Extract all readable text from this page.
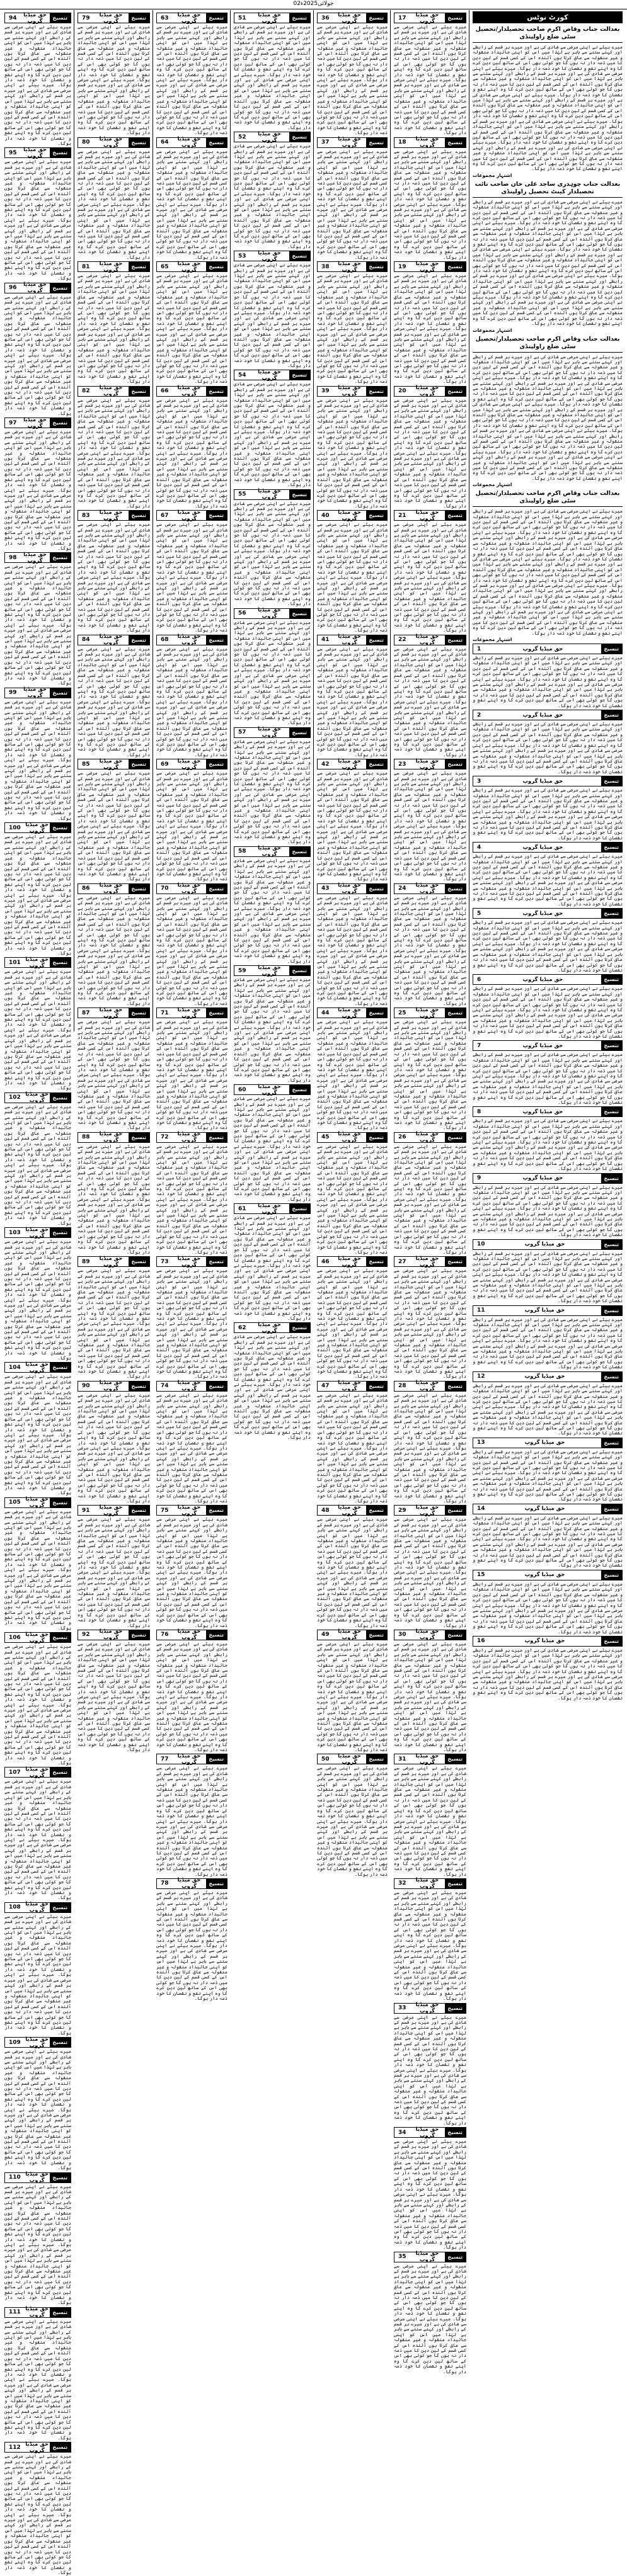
02جولائی2025ء
تنسیخ
حق میڈیا گروپ
94
میرے بیٹے نے اپنی مرضی سے شادی کی ہے اور میرے ہر قسم کے رابطے اور کہنے سننے سے باہر ہے لہٰذا میں اس کو اپنی جائیداد منقولہ و غیر منقولہ سے عاق کرتا ہوں آئندہ اس کے کسی قسم کے لین دین کا میں ذمہ دار نہ ہوں گا جو کوئی بھی اس کے ساتھ لین دین کرے گا وہ اپنے نفع و نقصان کا خود ذمہ دار ہوگا۔ میرے بیٹے نے اپنی مرضی سے شادی کی ہے اور میرے ہر قسم کے رابطے اور کہنے سننے سے باہر ہے لہٰذا میں اس کو اپنی جائیداد منقولہ و غیر منقولہ سے عاق کرتا ہوں آئندہ اس کے کسی قسم کے لین دین کا میں ذمہ دار نہ ہوں گا جو کوئی بھی اس کے ساتھ لین دین کرے گا وہ اپنے نفع و نقصان کا خود ذمہ دار ہوگا۔
تنسیخ
حق میڈیا گروپ
95
میرے بیٹے نے اپنی مرضی سے شادی کی ہے اور میرے ہر قسم کے رابطے اور کہنے سننے سے باہر ہے لہٰذا میں اس کو اپنی جائیداد منقولہ و غیر منقولہ سے عاق کرتا ہوں آئندہ اس کے کسی قسم کے لین دین کا میں ذمہ دار نہ ہوں گا جو کوئی بھی اس کے ساتھ لین دین کرے گا وہ اپنے نفع و نقصان کا خود ذمہ دار ہوگا۔ میرے بیٹے نے اپنی مرضی سے شادی کی ہے اور میرے ہر قسم کے رابطے اور کہنے سننے سے باہر ہے لہٰذا میں اس کو اپنی جائیداد منقولہ و غیر منقولہ سے عاق کرتا ہوں آئندہ اس کے کسی قسم کے لین دین کا میں ذمہ دار نہ ہوں گا جو کوئی بھی اس کے ساتھ لین دین کرے گا وہ اپنے نفع و نقصان کا خود ذمہ دار ہوگا۔
تنسیخ
حق میڈیا گروپ
96
میرے بیٹے نے اپنی مرضی سے شادی کی ہے اور میرے ہر قسم کے رابطے اور کہنے سننے سے باہر ہے لہٰذا میں اس کو اپنی جائیداد منقولہ و غیر منقولہ سے عاق کرتا ہوں آئندہ اس کے کسی قسم کے لین دین کا میں ذمہ دار نہ ہوں گا جو کوئی بھی اس کے ساتھ لین دین کرے گا وہ اپنے نفع و نقصان کا خود ذمہ دار ہوگا۔ میرے بیٹے نے اپنی مرضی سے شادی کی ہے اور میرے ہر قسم کے رابطے اور کہنے سننے سے باہر ہے لہٰذا میں اس کو اپنی جائیداد منقولہ و غیر منقولہ سے عاق کرتا ہوں آئندہ اس کے کسی قسم کے لین دین کا میں ذمہ دار نہ ہوں گا جو کوئی بھی اس کے ساتھ لین دین کرے گا وہ اپنے نفع و نقصان کا خود ذمہ دار ہوگا۔
تنسیخ
حق میڈیا گروپ
97
میرے بیٹے نے اپنی مرضی سے شادی کی ہے اور میرے ہر قسم کے رابطے اور کہنے سننے سے باہر ہے لہٰذا میں اس کو اپنی جائیداد منقولہ و غیر منقولہ سے عاق کرتا ہوں آئندہ اس کے کسی قسم کے لین دین کا میں ذمہ دار نہ ہوں گا جو کوئی بھی اس کے ساتھ لین دین کرے گا وہ اپنے نفع و نقصان کا خود ذمہ دار ہوگا۔ میرے بیٹے نے اپنی مرضی سے شادی کی ہے اور میرے ہر قسم کے رابطے اور کہنے سننے سے باہر ہے لہٰذا میں اس کو اپنی جائیداد منقولہ و غیر منقولہ سے عاق کرتا ہوں آئندہ اس کے کسی قسم کے لین دین کا میں ذمہ دار نہ ہوں گا جو کوئی بھی اس کے ساتھ لین دین کرے گا وہ اپنے نفع و نقصان کا خود ذمہ دار ہوگا۔
تنسیخ
حق میڈیا گروپ
98
میرے بیٹے نے اپنی مرضی سے شادی کی ہے اور میرے ہر قسم کے رابطے اور کہنے سننے سے باہر ہے لہٰذا میں اس کو اپنی جائیداد منقولہ و غیر منقولہ سے عاق کرتا ہوں آئندہ اس کے کسی قسم کے لین دین کا میں ذمہ دار نہ ہوں گا جو کوئی بھی اس کے ساتھ لین دین کرے گا وہ اپنے نفع و نقصان کا خود ذمہ دار ہوگا۔ میرے بیٹے نے اپنی مرضی سے شادی کی ہے اور میرے ہر قسم کے رابطے اور کہنے سننے سے باہر ہے لہٰذا میں اس کو اپنی جائیداد منقولہ و غیر منقولہ سے عاق کرتا ہوں آئندہ اس کے کسی قسم کے لین دین کا میں ذمہ دار نہ ہوں گا جو کوئی بھی اس کے ساتھ لین دین کرے گا وہ اپنے نفع و نقصان کا خود ذمہ دار ہوگا۔
تنسیخ
حق میڈیا گروپ
99
میرے بیٹے نے اپنی مرضی سے شادی کی ہے اور میرے ہر قسم کے رابطے اور کہنے سننے سے باہر ہے لہٰذا میں اس کو اپنی جائیداد منقولہ و غیر منقولہ سے عاق کرتا ہوں آئندہ اس کے کسی قسم کے لین دین کا میں ذمہ دار نہ ہوں گا جو کوئی بھی اس کے ساتھ لین دین کرے گا وہ اپنے نفع و نقصان کا خود ذمہ دار ہوگا۔ میرے بیٹے نے اپنی مرضی سے شادی کی ہے اور میرے ہر قسم کے رابطے اور کہنے سننے سے باہر ہے لہٰذا میں اس کو اپنی جائیداد منقولہ و غیر منقولہ سے عاق کرتا ہوں آئندہ اس کے کسی قسم کے لین دین کا میں ذمہ دار نہ ہوں گا جو کوئی بھی اس کے ساتھ لین دین کرے گا وہ اپنے نفع و نقصان کا خود ذمہ دار ہوگا۔
تنسیخ
حق میڈیا گروپ
100
میرے بیٹے نے اپنی مرضی سے شادی کی ہے اور میرے ہر قسم کے رابطے اور کہنے سننے سے باہر ہے لہٰذا میں اس کو اپنی جائیداد منقولہ و غیر منقولہ سے عاق کرتا ہوں آئندہ اس کے کسی قسم کے لین دین کا میں ذمہ دار نہ ہوں گا جو کوئی بھی اس کے ساتھ لین دین کرے گا وہ اپنے نفع و نقصان کا خود ذمہ دار ہوگا۔ میرے بیٹے نے اپنی مرضی سے شادی کی ہے اور میرے ہر قسم کے رابطے اور کہنے سننے سے باہر ہے لہٰذا میں اس کو اپنی جائیداد منقولہ و غیر منقولہ سے عاق کرتا ہوں آئندہ اس کے کسی قسم کے لین دین کا میں ذمہ دار نہ ہوں گا جو کوئی بھی اس کے ساتھ لین دین کرے گا وہ اپنے نفع و نقصان کا خود ذمہ دار ہوگا۔
تنسیخ
حق میڈیا گروپ
101
میرے بیٹے نے اپنی مرضی سے شادی کی ہے اور میرے ہر قسم کے رابطے اور کہنے سننے سے باہر ہے لہٰذا میں اس کو اپنی جائیداد منقولہ و غیر منقولہ سے عاق کرتا ہوں آئندہ اس کے کسی قسم کے لین دین کا میں ذمہ دار نہ ہوں گا جو کوئی بھی اس کے ساتھ لین دین کرے گا وہ اپنے نفع و نقصان کا خود ذمہ دار ہوگا۔ میرے بیٹے نے اپنی مرضی سے شادی کی ہے اور میرے ہر قسم کے رابطے اور کہنے سننے سے باہر ہے لہٰذا میں اس کو اپنی جائیداد منقولہ و غیر منقولہ سے عاق کرتا ہوں آئندہ اس کے کسی قسم کے لین دین کا میں ذمہ دار نہ ہوں گا جو کوئی بھی اس کے ساتھ لین دین کرے گا وہ اپنے نفع و نقصان کا خود ذمہ دار ہوگا۔
تنسیخ
حق میڈیا گروپ
102
میرے بیٹے نے اپنی مرضی سے شادی کی ہے اور میرے ہر قسم کے رابطے اور کہنے سننے سے باہر ہے لہٰذا میں اس کو اپنی جائیداد منقولہ و غیر منقولہ سے عاق کرتا ہوں آئندہ اس کے کسی قسم کے لین دین کا میں ذمہ دار نہ ہوں گا جو کوئی بھی اس کے ساتھ لین دین کرے گا وہ اپنے نفع و نقصان کا خود ذمہ دار ہوگا۔ میرے بیٹے نے اپنی مرضی سے شادی کی ہے اور میرے ہر قسم کے رابطے اور کہنے سننے سے باہر ہے لہٰذا میں اس کو اپنی جائیداد منقولہ و غیر منقولہ سے عاق کرتا ہوں آئندہ اس کے کسی قسم کے لین دین کا میں ذمہ دار نہ ہوں گا جو کوئی بھی اس کے ساتھ لین دین کرے گا وہ اپنے نفع و نقصان کا خود ذمہ دار ہوگا۔
تنسیخ
حق میڈیا گروپ
103
میرے بیٹے نے اپنی مرضی سے شادی کی ہے اور میرے ہر قسم کے رابطے اور کہنے سننے سے باہر ہے لہٰذا میں اس کو اپنی جائیداد منقولہ و غیر منقولہ سے عاق کرتا ہوں آئندہ اس کے کسی قسم کے لین دین کا میں ذمہ دار نہ ہوں گا جو کوئی بھی اس کے ساتھ لین دین کرے گا وہ اپنے نفع و نقصان کا خود ذمہ دار ہوگا۔ میرے بیٹے نے اپنی مرضی سے شادی کی ہے اور میرے ہر قسم کے رابطے اور کہنے سننے سے باہر ہے لہٰذا میں اس کو اپنی جائیداد منقولہ و غیر منقولہ سے عاق کرتا ہوں آئندہ اس کے کسی قسم کے لین دین کا میں ذمہ دار نہ ہوں گا جو کوئی بھی اس کے ساتھ لین دین کرے گا وہ اپنے نفع و نقصان کا خود ذمہ دار ہوگا۔
تنسیخ
حق میڈیا گروپ
104
میرے بیٹے نے اپنی مرضی سے شادی کی ہے اور میرے ہر قسم کے رابطے اور کہنے سننے سے باہر ہے لہٰذا میں اس کو اپنی جائیداد منقولہ و غیر منقولہ سے عاق کرتا ہوں آئندہ اس کے کسی قسم کے لین دین کا میں ذمہ دار نہ ہوں گا جو کوئی بھی اس کے ساتھ لین دین کرے گا وہ اپنے نفع و نقصان کا خود ذمہ دار ہوگا۔ میرے بیٹے نے اپنی مرضی سے شادی کی ہے اور میرے ہر قسم کے رابطے اور کہنے سننے سے باہر ہے لہٰذا میں اس کو اپنی جائیداد منقولہ و غیر منقولہ سے عاق کرتا ہوں آئندہ اس کے کسی قسم کے لین دین کا میں ذمہ دار نہ ہوں گا جو کوئی بھی اس کے ساتھ لین دین کرے گا وہ اپنے نفع و نقصان کا خود ذمہ دار ہوگا۔
تنسیخ
حق میڈیا گروپ
105
میرے بیٹے نے اپنی مرضی سے شادی کی ہے اور میرے ہر قسم کے رابطے اور کہنے سننے سے باہر ہے لہٰذا میں اس کو اپنی جائیداد منقولہ و غیر منقولہ سے عاق کرتا ہوں آئندہ اس کے کسی قسم کے لین دین کا میں ذمہ دار نہ ہوں گا جو کوئی بھی اس کے ساتھ لین دین کرے گا وہ اپنے نفع و نقصان کا خود ذمہ دار ہوگا۔ میرے بیٹے نے اپنی مرضی سے شادی کی ہے اور میرے ہر قسم کے رابطے اور کہنے سننے سے باہر ہے لہٰذا میں اس کو اپنی جائیداد منقولہ و غیر منقولہ سے عاق کرتا ہوں آئندہ اس کے کسی قسم کے لین دین کا میں ذمہ دار نہ ہوں گا جو کوئی بھی اس کے ساتھ لین دین کرے گا وہ اپنے نفع و نقصان کا خود ذمہ دار ہوگا۔
تنسیخ
حق میڈیا گروپ
106
میرے بیٹے نے اپنی مرضی سے شادی کی ہے اور میرے ہر قسم کے رابطے اور کہنے سننے سے باہر ہے لہٰذا میں اس کو اپنی جائیداد منقولہ و غیر منقولہ سے عاق کرتا ہوں آئندہ اس کے کسی قسم کے لین دین کا میں ذمہ دار نہ ہوں گا جو کوئی بھی اس کے ساتھ لین دین کرے گا وہ اپنے نفع و نقصان کا خود ذمہ دار ہوگا۔ میرے بیٹے نے اپنی مرضی سے شادی کی ہے اور میرے ہر قسم کے رابطے اور کہنے سننے سے باہر ہے لہٰذا میں اس کو اپنی جائیداد منقولہ و غیر منقولہ سے عاق کرتا ہوں آئندہ اس کے کسی قسم کے لین دین کا میں ذمہ دار نہ ہوں گا جو کوئی بھی اس کے ساتھ لین دین کرے گا وہ اپنے نفع و نقصان کا خود ذمہ دار ہوگا۔
تنسیخ
حق میڈیا گروپ
107
میرے بیٹے نے اپنی مرضی سے شادی کی ہے اور میرے ہر قسم کے رابطے اور کہنے سننے سے باہر ہے لہٰذا میں اس کو اپنی جائیداد منقولہ و غیر منقولہ سے عاق کرتا ہوں آئندہ اس کے کسی قسم کے لین دین کا میں ذمہ دار نہ ہوں گا جو کوئی بھی اس کے ساتھ لین دین کرے گا وہ اپنے نفع و نقصان کا خود ذمہ دار ہوگا۔ میرے بیٹے نے اپنی مرضی سے شادی کی ہے اور میرے ہر قسم کے رابطے اور کہنے سننے سے باہر ہے لہٰذا میں اس کو اپنی جائیداد منقولہ و غیر منقولہ سے عاق کرتا ہوں آئندہ اس کے کسی قسم کے لین دین کا میں ذمہ دار نہ ہوں گا جو کوئی بھی اس کے ساتھ لین دین کرے گا وہ اپنے نفع و نقصان کا خود ذمہ دار ہوگا۔
تنسیخ
حق میڈیا گروپ
108
میرے بیٹے نے اپنی مرضی سے شادی کی ہے اور میرے ہر قسم کے رابطے اور کہنے سننے سے باہر ہے لہٰذا میں اس کو اپنی جائیداد منقولہ و غیر منقولہ سے عاق کرتا ہوں آئندہ اس کے کسی قسم کے لین دین کا میں ذمہ دار نہ ہوں گا جو کوئی بھی اس کے ساتھ لین دین کرے گا وہ اپنے نفع و نقصان کا خود ذمہ دار ہوگا۔ میرے بیٹے نے اپنی مرضی سے شادی کی ہے اور میرے ہر قسم کے رابطے اور کہنے سننے سے باہر ہے لہٰذا میں اس کو اپنی جائیداد منقولہ و غیر منقولہ سے عاق کرتا ہوں آئندہ اس کے کسی قسم کے لین دین کا میں ذمہ دار نہ ہوں گا جو کوئی بھی اس کے ساتھ لین دین کرے گا وہ اپنے نفع و نقصان کا خود ذمہ دار ہوگا۔
تنسیخ
حق میڈیا گروپ
109
میرے بیٹے نے اپنی مرضی سے شادی کی ہے اور میرے ہر قسم کے رابطے اور کہنے سننے سے باہر ہے لہٰذا میں اس کو اپنی جائیداد منقولہ و غیر منقولہ سے عاق کرتا ہوں آئندہ اس کے کسی قسم کے لین دین کا میں ذمہ دار نہ ہوں گا جو کوئی بھی اس کے ساتھ لین دین کرے گا وہ اپنے نفع و نقصان کا خود ذمہ دار ہوگا۔ میرے بیٹے نے اپنی مرضی سے شادی کی ہے اور میرے ہر قسم کے رابطے اور کہنے سننے سے باہر ہے لہٰذا میں اس کو اپنی جائیداد منقولہ و غیر منقولہ سے عاق کرتا ہوں آئندہ اس کے کسی قسم کے لین دین کا میں ذمہ دار نہ ہوں گا جو کوئی بھی اس کے ساتھ لین دین کرے گا وہ اپنے نفع و نقصان کا خود ذمہ دار ہوگا۔
تنسیخ
حق میڈیا گروپ
110
میرے بیٹے نے اپنی مرضی سے شادی کی ہے اور میرے ہر قسم کے رابطے اور کہنے سننے سے باہر ہے لہٰذا میں اس کو اپنی جائیداد منقولہ و غیر منقولہ سے عاق کرتا ہوں آئندہ اس کے کسی قسم کے لین دین کا میں ذمہ دار نہ ہوں گا جو کوئی بھی اس کے ساتھ لین دین کرے گا وہ اپنے نفع و نقصان کا خود ذمہ دار ہوگا۔ میرے بیٹے نے اپنی مرضی سے شادی کی ہے اور میرے ہر قسم کے رابطے اور کہنے سننے سے باہر ہے لہٰذا میں اس کو اپنی جائیداد منقولہ و غیر منقولہ سے عاق کرتا ہوں آئندہ اس کے کسی قسم کے لین دین کا میں ذمہ دار نہ ہوں گا جو کوئی بھی اس کے ساتھ لین دین کرے گا وہ اپنے نفع و نقصان کا خود ذمہ دار ہوگا۔
تنسیخ
حق میڈیا گروپ
111
میرے بیٹے نے اپنی مرضی سے شادی کی ہے اور میرے ہر قسم کے رابطے اور کہنے سننے سے باہر ہے لہٰذا میں اس کو اپنی جائیداد منقولہ و غیر منقولہ سے عاق کرتا ہوں آئندہ اس کے کسی قسم کے لین دین کا میں ذمہ دار نہ ہوں گا جو کوئی بھی اس کے ساتھ لین دین کرے گا وہ اپنے نفع و نقصان کا خود ذمہ دار ہوگا۔ میرے بیٹے نے اپنی مرضی سے شادی کی ہے اور میرے ہر قسم کے رابطے اور کہنے سننے سے باہر ہے لہٰذا میں اس کو اپنی جائیداد منقولہ و غیر منقولہ سے عاق کرتا ہوں آئندہ اس کے کسی قسم کے لین دین کا میں ذمہ دار نہ ہوں گا جو کوئی بھی اس کے ساتھ لین دین کرے گا وہ اپنے نفع و نقصان کا خود ذمہ دار ہوگا۔
تنسیخ
حق میڈیا گروپ
112
میرے بیٹے نے اپنی مرضی سے شادی کی ہے اور میرے ہر قسم کے رابطے اور کہنے سننے سے باہر ہے لہٰذا میں اس کو اپنی جائیداد منقولہ و غیر منقولہ سے عاق کرتا ہوں آئندہ اس کے کسی قسم کے لین دین کا میں ذمہ دار نہ ہوں گا جو کوئی بھی اس کے ساتھ لین دین کرے گا وہ اپنے نفع و نقصان کا خود ذمہ دار ہوگا۔ میرے بیٹے نے اپنی مرضی سے شادی کی ہے اور میرے ہر قسم کے رابطے اور کہنے سننے سے باہر ہے لہٰذا میں اس کو اپنی جائیداد منقولہ و غیر منقولہ سے عاق کرتا ہوں آئندہ اس کے کسی قسم کے لین دین کا میں ذمہ دار نہ ہوں گا جو کوئی بھی اس کے ساتھ لین دین کرے گا وہ اپنے نفع و نقصان کا خود ذمہ دار ہوگا۔
تنسیخ
حق میڈیا گروپ
79
میرے بیٹے نے اپنی مرضی سے شادی کی ہے اور میرے ہر قسم کے رابطے اور کہنے سننے سے باہر ہے لہٰذا میں اس کو اپنی جائیداد منقولہ و غیر منقولہ سے عاق کرتا ہوں آئندہ اس کے کسی قسم کے لین دین کا میں ذمہ دار نہ ہوں گا جو کوئی بھی اس کے ساتھ لین دین کرے گا وہ اپنے نفع و نقصان کا خود ذمہ دار ہوگا۔ میرے بیٹے نے اپنی مرضی سے شادی کی ہے اور میرے ہر قسم کے رابطے اور کہنے سننے سے باہر ہے لہٰذا میں اس کو اپنی جائیداد منقولہ و غیر منقولہ سے عاق کرتا ہوں آئندہ اس کے کسی قسم کے لین دین کا میں ذمہ دار نہ ہوں گا جو کوئی بھی اس کے ساتھ لین دین کرے گا وہ اپنے نفع و نقصان کا خود ذمہ دار ہوگا۔
تنسیخ
حق میڈیا گروپ
80
میرے بیٹے نے اپنی مرضی سے شادی کی ہے اور میرے ہر قسم کے رابطے اور کہنے سننے سے باہر ہے لہٰذا میں اس کو اپنی جائیداد منقولہ و غیر منقولہ سے عاق کرتا ہوں آئندہ اس کے کسی قسم کے لین دین کا میں ذمہ دار نہ ہوں گا جو کوئی بھی اس کے ساتھ لین دین کرے گا وہ اپنے نفع و نقصان کا خود ذمہ دار ہوگا۔ میرے بیٹے نے اپنی مرضی سے شادی کی ہے اور میرے ہر قسم کے رابطے اور کہنے سننے سے باہر ہے لہٰذا میں اس کو اپنی جائیداد منقولہ و غیر منقولہ سے عاق کرتا ہوں آئندہ اس کے کسی قسم کے لین دین کا میں ذمہ دار نہ ہوں گا جو کوئی بھی اس کے ساتھ لین دین کرے گا وہ اپنے نفع و نقصان کا خود ذمہ دار ہوگا۔
تنسیخ
حق میڈیا گروپ
81
میرے بیٹے نے اپنی مرضی سے شادی کی ہے اور میرے ہر قسم کے رابطے اور کہنے سننے سے باہر ہے لہٰذا میں اس کو اپنی جائیداد منقولہ و غیر منقولہ سے عاق کرتا ہوں آئندہ اس کے کسی قسم کے لین دین کا میں ذمہ دار نہ ہوں گا جو کوئی بھی اس کے ساتھ لین دین کرے گا وہ اپنے نفع و نقصان کا خود ذمہ دار ہوگا۔ میرے بیٹے نے اپنی مرضی سے شادی کی ہے اور میرے ہر قسم کے رابطے اور کہنے سننے سے باہر ہے لہٰذا میں اس کو اپنی جائیداد منقولہ و غیر منقولہ سے عاق کرتا ہوں آئندہ اس کے کسی قسم کے لین دین کا میں ذمہ دار نہ ہوں گا جو کوئی بھی اس کے ساتھ لین دین کرے گا وہ اپنے نفع و نقصان کا خود ذمہ دار ہوگا۔
تنسیخ
حق میڈیا گروپ
82
میرے بیٹے نے اپنی مرضی سے شادی کی ہے اور میرے ہر قسم کے رابطے اور کہنے سننے سے باہر ہے لہٰذا میں اس کو اپنی جائیداد منقولہ و غیر منقولہ سے عاق کرتا ہوں آئندہ اس کے کسی قسم کے لین دین کا میں ذمہ دار نہ ہوں گا جو کوئی بھی اس کے ساتھ لین دین کرے گا وہ اپنے نفع و نقصان کا خود ذمہ دار ہوگا۔ میرے بیٹے نے اپنی مرضی سے شادی کی ہے اور میرے ہر قسم کے رابطے اور کہنے سننے سے باہر ہے لہٰذا میں اس کو اپنی جائیداد منقولہ و غیر منقولہ سے عاق کرتا ہوں آئندہ اس کے کسی قسم کے لین دین کا میں ذمہ دار نہ ہوں گا جو کوئی بھی اس کے ساتھ لین دین کرے گا وہ اپنے نفع و نقصان کا خود ذمہ دار ہوگا۔
تنسیخ
حق میڈیا گروپ
83
میرے بیٹے نے اپنی مرضی سے شادی کی ہے اور میرے ہر قسم کے رابطے اور کہنے سننے سے باہر ہے لہٰذا میں اس کو اپنی جائیداد منقولہ و غیر منقولہ سے عاق کرتا ہوں آئندہ اس کے کسی قسم کے لین دین کا میں ذمہ دار نہ ہوں گا جو کوئی بھی اس کے ساتھ لین دین کرے گا وہ اپنے نفع و نقصان کا خود ذمہ دار ہوگا۔ میرے بیٹے نے اپنی مرضی سے شادی کی ہے اور میرے ہر قسم کے رابطے اور کہنے سننے سے باہر ہے لہٰذا میں اس کو اپنی جائیداد منقولہ و غیر منقولہ سے عاق کرتا ہوں آئندہ اس کے کسی قسم کے لین دین کا میں ذمہ دار نہ ہوں گا جو کوئی بھی اس کے ساتھ لین دین کرے گا وہ اپنے نفع و نقصان کا خود ذمہ دار ہوگا۔
تنسیخ
حق میڈیا گروپ
84
میرے بیٹے نے اپنی مرضی سے شادی کی ہے اور میرے ہر قسم کے رابطے اور کہنے سننے سے باہر ہے لہٰذا میں اس کو اپنی جائیداد منقولہ و غیر منقولہ سے عاق کرتا ہوں آئندہ اس کے کسی قسم کے لین دین کا میں ذمہ دار نہ ہوں گا جو کوئی بھی اس کے ساتھ لین دین کرے گا وہ اپنے نفع و نقصان کا خود ذمہ دار ہوگا۔ میرے بیٹے نے اپنی مرضی سے شادی کی ہے اور میرے ہر قسم کے رابطے اور کہنے سننے سے باہر ہے لہٰذا میں اس کو اپنی جائیداد منقولہ و غیر منقولہ سے عاق کرتا ہوں آئندہ اس کے کسی قسم کے لین دین کا میں ذمہ دار نہ ہوں گا جو کوئی بھی اس کے ساتھ لین دین کرے گا وہ اپنے نفع و نقصان کا خود ذمہ دار ہوگا۔
تنسیخ
حق میڈیا گروپ
85
میرے بیٹے نے اپنی مرضی سے شادی کی ہے اور میرے ہر قسم کے رابطے اور کہنے سننے سے باہر ہے لہٰذا میں اس کو اپنی جائیداد منقولہ و غیر منقولہ سے عاق کرتا ہوں آئندہ اس کے کسی قسم کے لین دین کا میں ذمہ دار نہ ہوں گا جو کوئی بھی اس کے ساتھ لین دین کرے گا وہ اپنے نفع و نقصان کا خود ذمہ دار ہوگا۔ میرے بیٹے نے اپنی مرضی سے شادی کی ہے اور میرے ہر قسم کے رابطے اور کہنے سننے سے باہر ہے لہٰذا میں اس کو اپنی جائیداد منقولہ و غیر منقولہ سے عاق کرتا ہوں آئندہ اس کے کسی قسم کے لین دین کا میں ذمہ دار نہ ہوں گا جو کوئی بھی اس کے ساتھ لین دین کرے گا وہ اپنے نفع و نقصان کا خود ذمہ دار ہوگا۔
تنسیخ
حق میڈیا گروپ
86
میرے بیٹے نے اپنی مرضی سے شادی کی ہے اور میرے ہر قسم کے رابطے اور کہنے سننے سے باہر ہے لہٰذا میں اس کو اپنی جائیداد منقولہ و غیر منقولہ سے عاق کرتا ہوں آئندہ اس کے کسی قسم کے لین دین کا میں ذمہ دار نہ ہوں گا جو کوئی بھی اس کے ساتھ لین دین کرے گا وہ اپنے نفع و نقصان کا خود ذمہ دار ہوگا۔ میرے بیٹے نے اپنی مرضی سے شادی کی ہے اور میرے ہر قسم کے رابطے اور کہنے سننے سے باہر ہے لہٰذا میں اس کو اپنی جائیداد منقولہ و غیر منقولہ سے عاق کرتا ہوں آئندہ اس کے کسی قسم کے لین دین کا میں ذمہ دار نہ ہوں گا جو کوئی بھی اس کے ساتھ لین دین کرے گا وہ اپنے نفع و نقصان کا خود ذمہ دار ہوگا۔
تنسیخ
حق میڈیا گروپ
87
میرے بیٹے نے اپنی مرضی سے شادی کی ہے اور میرے ہر قسم کے رابطے اور کہنے سننے سے باہر ہے لہٰذا میں اس کو اپنی جائیداد منقولہ و غیر منقولہ سے عاق کرتا ہوں آئندہ اس کے کسی قسم کے لین دین کا میں ذمہ دار نہ ہوں گا جو کوئی بھی اس کے ساتھ لین دین کرے گا وہ اپنے نفع و نقصان کا خود ذمہ دار ہوگا۔ میرے بیٹے نے اپنی مرضی سے شادی کی ہے اور میرے ہر قسم کے رابطے اور کہنے سننے سے باہر ہے لہٰذا میں اس کو اپنی جائیداد منقولہ و غیر منقولہ سے عاق کرتا ہوں آئندہ اس کے کسی قسم کے لین دین کا میں ذمہ دار نہ ہوں گا جو کوئی بھی اس کے ساتھ لین دین کرے گا وہ اپنے نفع و نقصان کا خود ذمہ دار ہوگا۔
تنسیخ
حق میڈیا گروپ
88
میرے بیٹے نے اپنی مرضی سے شادی کی ہے اور میرے ہر قسم کے رابطے اور کہنے سننے سے باہر ہے لہٰذا میں اس کو اپنی جائیداد منقولہ و غیر منقولہ سے عاق کرتا ہوں آئندہ اس کے کسی قسم کے لین دین کا میں ذمہ دار نہ ہوں گا جو کوئی بھی اس کے ساتھ لین دین کرے گا وہ اپنے نفع و نقصان کا خود ذمہ دار ہوگا۔ میرے بیٹے نے اپنی مرضی سے شادی کی ہے اور میرے ہر قسم کے رابطے اور کہنے سننے سے باہر ہے لہٰذا میں اس کو اپنی جائیداد منقولہ و غیر منقولہ سے عاق کرتا ہوں آئندہ اس کے کسی قسم کے لین دین کا میں ذمہ دار نہ ہوں گا جو کوئی بھی اس کے ساتھ لین دین کرے گا وہ اپنے نفع و نقصان کا خود ذمہ دار ہوگا۔
تنسیخ
حق میڈیا گروپ
89
میرے بیٹے نے اپنی مرضی سے شادی کی ہے اور میرے ہر قسم کے رابطے اور کہنے سننے سے باہر ہے لہٰذا میں اس کو اپنی جائیداد منقولہ و غیر منقولہ سے عاق کرتا ہوں آئندہ اس کے کسی قسم کے لین دین کا میں ذمہ دار نہ ہوں گا جو کوئی بھی اس کے ساتھ لین دین کرے گا وہ اپنے نفع و نقصان کا خود ذمہ دار ہوگا۔ میرے بیٹے نے اپنی مرضی سے شادی کی ہے اور میرے ہر قسم کے رابطے اور کہنے سننے سے باہر ہے لہٰذا میں اس کو اپنی جائیداد منقولہ و غیر منقولہ سے عاق کرتا ہوں آئندہ اس کے کسی قسم کے لین دین کا میں ذمہ دار نہ ہوں گا جو کوئی بھی اس کے ساتھ لین دین کرے گا وہ اپنے نفع و نقصان کا خود ذمہ دار ہوگا۔
تنسیخ
حق میڈیا گروپ
90
میرے بیٹے نے اپنی مرضی سے شادی کی ہے اور میرے ہر قسم کے رابطے اور کہنے سننے سے باہر ہے لہٰذا میں اس کو اپنی جائیداد منقولہ و غیر منقولہ سے عاق کرتا ہوں آئندہ اس کے کسی قسم کے لین دین کا میں ذمہ دار نہ ہوں گا جو کوئی بھی اس کے ساتھ لین دین کرے گا وہ اپنے نفع و نقصان کا خود ذمہ دار ہوگا۔ میرے بیٹے نے اپنی مرضی سے شادی کی ہے اور میرے ہر قسم کے رابطے اور کہنے سننے سے باہر ہے لہٰذا میں اس کو اپنی جائیداد منقولہ و غیر منقولہ سے عاق کرتا ہوں آئندہ اس کے کسی قسم کے لین دین کا میں ذمہ دار نہ ہوں گا جو کوئی بھی اس کے ساتھ لین دین کرے گا وہ اپنے نفع و نقصان کا خود ذمہ دار ہوگا۔
تنسیخ
حق میڈیا گروپ
91
میرے بیٹے نے اپنی مرضی سے شادی کی ہے اور میرے ہر قسم کے رابطے اور کہنے سننے سے باہر ہے لہٰذا میں اس کو اپنی جائیداد منقولہ و غیر منقولہ سے عاق کرتا ہوں آئندہ اس کے کسی قسم کے لین دین کا میں ذمہ دار نہ ہوں گا جو کوئی بھی اس کے ساتھ لین دین کرے گا وہ اپنے نفع و نقصان کا خود ذمہ دار ہوگا۔ میرے بیٹے نے اپنی مرضی سے شادی کی ہے اور میرے ہر قسم کے رابطے اور کہنے سننے سے باہر ہے لہٰذا میں اس کو اپنی جائیداد منقولہ و غیر منقولہ سے عاق کرتا ہوں آئندہ اس کے کسی قسم کے لین دین کا میں ذمہ دار نہ ہوں گا جو کوئی بھی اس کے ساتھ لین دین کرے گا وہ اپنے نفع و نقصان کا خود ذمہ دار ہوگا۔
تنسیخ
حق میڈیا گروپ
92
میرے بیٹے نے اپنی مرضی سے شادی کی ہے اور میرے ہر قسم کے رابطے اور کہنے سننے سے باہر ہے لہٰذا میں اس کو اپنی جائیداد منقولہ و غیر منقولہ سے عاق کرتا ہوں آئندہ اس کے کسی قسم کے لین دین کا میں ذمہ دار نہ ہوں گا جو کوئی بھی اس کے ساتھ لین دین کرے گا وہ اپنے نفع و نقصان کا خود ذمہ دار ہوگا۔ میرے بیٹے نے اپنی مرضی سے شادی کی ہے اور میرے ہر قسم کے رابطے اور کہنے سننے سے باہر ہے لہٰذا میں اس کو اپنی جائیداد منقولہ و غیر منقولہ سے عاق کرتا ہوں آئندہ اس کے کسی قسم کے لین دین کا میں ذمہ دار نہ ہوں گا جو کوئی بھی اس کے ساتھ لین دین کرے گا وہ اپنے نفع و نقصان کا خود ذمہ دار ہوگا۔
تنسیخ
حق میڈیا گروپ
63
میرے بیٹے نے اپنی مرضی سے شادی کی ہے اور میرے ہر قسم کے رابطے اور کہنے سننے سے باہر ہے لہٰذا میں اس کو اپنی جائیداد منقولہ و غیر منقولہ سے عاق کرتا ہوں آئندہ اس کے کسی قسم کے لین دین کا میں ذمہ دار نہ ہوں گا جو کوئی بھی اس کے ساتھ لین دین کرے گا وہ اپنے نفع و نقصان کا خود ذمہ دار ہوگا۔ میرے بیٹے نے اپنی مرضی سے شادی کی ہے اور میرے ہر قسم کے رابطے اور کہنے سننے سے باہر ہے لہٰذا میں اس کو اپنی جائیداد منقولہ و غیر منقولہ سے عاق کرتا ہوں آئندہ اس کے کسی قسم کے لین دین کا میں ذمہ دار نہ ہوں گا جو کوئی بھی اس کے ساتھ لین دین کرے گا وہ اپنے نفع و نقصان کا خود ذمہ دار ہوگا۔
تنسیخ
حق میڈیا گروپ
64
میرے بیٹے نے اپنی مرضی سے شادی کی ہے اور میرے ہر قسم کے رابطے اور کہنے سننے سے باہر ہے لہٰذا میں اس کو اپنی جائیداد منقولہ و غیر منقولہ سے عاق کرتا ہوں آئندہ اس کے کسی قسم کے لین دین کا میں ذمہ دار نہ ہوں گا جو کوئی بھی اس کے ساتھ لین دین کرے گا وہ اپنے نفع و نقصان کا خود ذمہ دار ہوگا۔ میرے بیٹے نے اپنی مرضی سے شادی کی ہے اور میرے ہر قسم کے رابطے اور کہنے سننے سے باہر ہے لہٰذا میں اس کو اپنی جائیداد منقولہ و غیر منقولہ سے عاق کرتا ہوں آئندہ اس کے کسی قسم کے لین دین کا میں ذمہ دار نہ ہوں گا جو کوئی بھی اس کے ساتھ لین دین کرے گا وہ اپنے نفع و نقصان کا خود ذمہ دار ہوگا۔
تنسیخ
حق میڈیا گروپ
65
میرے بیٹے نے اپنی مرضی سے شادی کی ہے اور میرے ہر قسم کے رابطے اور کہنے سننے سے باہر ہے لہٰذا میں اس کو اپنی جائیداد منقولہ و غیر منقولہ سے عاق کرتا ہوں آئندہ اس کے کسی قسم کے لین دین کا میں ذمہ دار نہ ہوں گا جو کوئی بھی اس کے ساتھ لین دین کرے گا وہ اپنے نفع و نقصان کا خود ذمہ دار ہوگا۔ میرے بیٹے نے اپنی مرضی سے شادی کی ہے اور میرے ہر قسم کے رابطے اور کہنے سننے سے باہر ہے لہٰذا میں اس کو اپنی جائیداد منقولہ و غیر منقولہ سے عاق کرتا ہوں آئندہ اس کے کسی قسم کے لین دین کا میں ذمہ دار نہ ہوں گا جو کوئی بھی اس کے ساتھ لین دین کرے گا وہ اپنے نفع و نقصان کا خود ذمہ دار ہوگا۔
تنسیخ
حق میڈیا گروپ
66
میرے بیٹے نے اپنی مرضی سے شادی کی ہے اور میرے ہر قسم کے رابطے اور کہنے سننے سے باہر ہے لہٰذا میں اس کو اپنی جائیداد منقولہ و غیر منقولہ سے عاق کرتا ہوں آئندہ اس کے کسی قسم کے لین دین کا میں ذمہ دار نہ ہوں گا جو کوئی بھی اس کے ساتھ لین دین کرے گا وہ اپنے نفع و نقصان کا خود ذمہ دار ہوگا۔ میرے بیٹے نے اپنی مرضی سے شادی کی ہے اور میرے ہر قسم کے رابطے اور کہنے سننے سے باہر ہے لہٰذا میں اس کو اپنی جائیداد منقولہ و غیر منقولہ سے عاق کرتا ہوں آئندہ اس کے کسی قسم کے لین دین کا میں ذمہ دار نہ ہوں گا جو کوئی بھی اس کے ساتھ لین دین کرے گا وہ اپنے نفع و نقصان کا خود ذمہ دار ہوگا۔
تنسیخ
حق میڈیا گروپ
67
میرے بیٹے نے اپنی مرضی سے شادی کی ہے اور میرے ہر قسم کے رابطے اور کہنے سننے سے باہر ہے لہٰذا میں اس کو اپنی جائیداد منقولہ و غیر منقولہ سے عاق کرتا ہوں آئندہ اس کے کسی قسم کے لین دین کا میں ذمہ دار نہ ہوں گا جو کوئی بھی اس کے ساتھ لین دین کرے گا وہ اپنے نفع و نقصان کا خود ذمہ دار ہوگا۔ میرے بیٹے نے اپنی مرضی سے شادی کی ہے اور میرے ہر قسم کے رابطے اور کہنے سننے سے باہر ہے لہٰذا میں اس کو اپنی جائیداد منقولہ و غیر منقولہ سے عاق کرتا ہوں آئندہ اس کے کسی قسم کے لین دین کا میں ذمہ دار نہ ہوں گا جو کوئی بھی اس کے ساتھ لین دین کرے گا وہ اپنے نفع و نقصان کا خود ذمہ دار ہوگا۔
تنسیخ
حق میڈیا گروپ
68
میرے بیٹے نے اپنی مرضی سے شادی کی ہے اور میرے ہر قسم کے رابطے اور کہنے سننے سے باہر ہے لہٰذا میں اس کو اپنی جائیداد منقولہ و غیر منقولہ سے عاق کرتا ہوں آئندہ اس کے کسی قسم کے لین دین کا میں ذمہ دار نہ ہوں گا جو کوئی بھی اس کے ساتھ لین دین کرے گا وہ اپنے نفع و نقصان کا خود ذمہ دار ہوگا۔ میرے بیٹے نے اپنی مرضی سے شادی کی ہے اور میرے ہر قسم کے رابطے اور کہنے سننے سے باہر ہے لہٰذا میں اس کو اپنی جائیداد منقولہ و غیر منقولہ سے عاق کرتا ہوں آئندہ اس کے کسی قسم کے لین دین کا میں ذمہ دار نہ ہوں گا جو کوئی بھی اس کے ساتھ لین دین کرے گا وہ اپنے نفع و نقصان کا خود ذمہ دار ہوگا۔
تنسیخ
حق میڈیا گروپ
69
میرے بیٹے نے اپنی مرضی سے شادی کی ہے اور میرے ہر قسم کے رابطے اور کہنے سننے سے باہر ہے لہٰذا میں اس کو اپنی جائیداد منقولہ و غیر منقولہ سے عاق کرتا ہوں آئندہ اس کے کسی قسم کے لین دین کا میں ذمہ دار نہ ہوں گا جو کوئی بھی اس کے ساتھ لین دین کرے گا وہ اپنے نفع و نقصان کا خود ذمہ دار ہوگا۔ میرے بیٹے نے اپنی مرضی سے شادی کی ہے اور میرے ہر قسم کے رابطے اور کہنے سننے سے باہر ہے لہٰذا میں اس کو اپنی جائیداد منقولہ و غیر منقولہ سے عاق کرتا ہوں آئندہ اس کے کسی قسم کے لین دین کا میں ذمہ دار نہ ہوں گا جو کوئی بھی اس کے ساتھ لین دین کرے گا وہ اپنے نفع و نقصان کا خود ذمہ دار ہوگا۔
تنسیخ
حق میڈیا گروپ
70
میرے بیٹے نے اپنی مرضی سے شادی کی ہے اور میرے ہر قسم کے رابطے اور کہنے سننے سے باہر ہے لہٰذا میں اس کو اپنی جائیداد منقولہ و غیر منقولہ سے عاق کرتا ہوں آئندہ اس کے کسی قسم کے لین دین کا میں ذمہ دار نہ ہوں گا جو کوئی بھی اس کے ساتھ لین دین کرے گا وہ اپنے نفع و نقصان کا خود ذمہ دار ہوگا۔ میرے بیٹے نے اپنی مرضی سے شادی کی ہے اور میرے ہر قسم کے رابطے اور کہنے سننے سے باہر ہے لہٰذا میں اس کو اپنی جائیداد منقولہ و غیر منقولہ سے عاق کرتا ہوں آئندہ اس کے کسی قسم کے لین دین کا میں ذمہ دار نہ ہوں گا جو کوئی بھی اس کے ساتھ لین دین کرے گا وہ اپنے نفع و نقصان کا خود ذمہ دار ہوگا۔
تنسیخ
حق میڈیا گروپ
71
میرے بیٹے نے اپنی مرضی سے شادی کی ہے اور میرے ہر قسم کے رابطے اور کہنے سننے سے باہر ہے لہٰذا میں اس کو اپنی جائیداد منقولہ و غیر منقولہ سے عاق کرتا ہوں آئندہ اس کے کسی قسم کے لین دین کا میں ذمہ دار نہ ہوں گا جو کوئی بھی اس کے ساتھ لین دین کرے گا وہ اپنے نفع و نقصان کا خود ذمہ دار ہوگا۔ میرے بیٹے نے اپنی مرضی سے شادی کی ہے اور میرے ہر قسم کے رابطے اور کہنے سننے سے باہر ہے لہٰذا میں اس کو اپنی جائیداد منقولہ و غیر منقولہ سے عاق کرتا ہوں آئندہ اس کے کسی قسم کے لین دین کا میں ذمہ دار نہ ہوں گا جو کوئی بھی اس کے ساتھ لین دین کرے گا وہ اپنے نفع و نقصان کا خود ذمہ دار ہوگا۔
تنسیخ
حق میڈیا گروپ
72
میرے بیٹے نے اپنی مرضی سے شادی کی ہے اور میرے ہر قسم کے رابطے اور کہنے سننے سے باہر ہے لہٰذا میں اس کو اپنی جائیداد منقولہ و غیر منقولہ سے عاق کرتا ہوں آئندہ اس کے کسی قسم کے لین دین کا میں ذمہ دار نہ ہوں گا جو کوئی بھی اس کے ساتھ لین دین کرے گا وہ اپنے نفع و نقصان کا خود ذمہ دار ہوگا۔ میرے بیٹے نے اپنی مرضی سے شادی کی ہے اور میرے ہر قسم کے رابطے اور کہنے سننے سے باہر ہے لہٰذا میں اس کو اپنی جائیداد منقولہ و غیر منقولہ سے عاق کرتا ہوں آئندہ اس کے کسی قسم کے لین دین کا میں ذمہ دار نہ ہوں گا جو کوئی بھی اس کے ساتھ لین دین کرے گا وہ اپنے نفع و نقصان کا خود ذمہ دار ہوگا۔
تنسیخ
حق میڈیا گروپ
73
میرے بیٹے نے اپنی مرضی سے شادی کی ہے اور میرے ہر قسم کے رابطے اور کہنے سننے سے باہر ہے لہٰذا میں اس کو اپنی جائیداد منقولہ و غیر منقولہ سے عاق کرتا ہوں آئندہ اس کے کسی قسم کے لین دین کا میں ذمہ دار نہ ہوں گا جو کوئی بھی اس کے ساتھ لین دین کرے گا وہ اپنے نفع و نقصان کا خود ذمہ دار ہوگا۔ میرے بیٹے نے اپنی مرضی سے شادی کی ہے اور میرے ہر قسم کے رابطے اور کہنے سننے سے باہر ہے لہٰذا میں اس کو اپنی جائیداد منقولہ و غیر منقولہ سے عاق کرتا ہوں آئندہ اس کے کسی قسم کے لین دین کا میں ذمہ دار نہ ہوں گا جو کوئی بھی اس کے ساتھ لین دین کرے گا وہ اپنے نفع و نقصان کا خود ذمہ دار ہوگا۔
تنسیخ
حق میڈیا گروپ
74
میرے بیٹے نے اپنی مرضی سے شادی کی ہے اور میرے ہر قسم کے رابطے اور کہنے سننے سے باہر ہے لہٰذا میں اس کو اپنی جائیداد منقولہ و غیر منقولہ سے عاق کرتا ہوں آئندہ اس کے کسی قسم کے لین دین کا میں ذمہ دار نہ ہوں گا جو کوئی بھی اس کے ساتھ لین دین کرے گا وہ اپنے نفع و نقصان کا خود ذمہ دار ہوگا۔ میرے بیٹے نے اپنی مرضی سے شادی کی ہے اور میرے ہر قسم کے رابطے اور کہنے سننے سے باہر ہے لہٰذا میں اس کو اپنی جائیداد منقولہ و غیر منقولہ سے عاق کرتا ہوں آئندہ اس کے کسی قسم کے لین دین کا میں ذمہ دار نہ ہوں گا جو کوئی بھی اس کے ساتھ لین دین کرے گا وہ اپنے نفع و نقصان کا خود ذمہ دار ہوگا۔
تنسیخ
حق میڈیا گروپ
75
میرے بیٹے نے اپنی مرضی سے شادی کی ہے اور میرے ہر قسم کے رابطے اور کہنے سننے سے باہر ہے لہٰذا میں اس کو اپنی جائیداد منقولہ و غیر منقولہ سے عاق کرتا ہوں آئندہ اس کے کسی قسم کے لین دین کا میں ذمہ دار نہ ہوں گا جو کوئی بھی اس کے ساتھ لین دین کرے گا وہ اپنے نفع و نقصان کا خود ذمہ دار ہوگا۔ میرے بیٹے نے اپنی مرضی سے شادی کی ہے اور میرے ہر قسم کے رابطے اور کہنے سننے سے باہر ہے لہٰذا میں اس کو اپنی جائیداد منقولہ و غیر منقولہ سے عاق کرتا ہوں آئندہ اس کے کسی قسم کے لین دین کا میں ذمہ دار نہ ہوں گا جو کوئی بھی اس کے ساتھ لین دین کرے گا وہ اپنے نفع و نقصان کا خود ذمہ دار ہوگا۔
تنسیخ
حق میڈیا گروپ
76
میرے بیٹے نے اپنی مرضی سے شادی کی ہے اور میرے ہر قسم کے رابطے اور کہنے سننے سے باہر ہے لہٰذا میں اس کو اپنی جائیداد منقولہ و غیر منقولہ سے عاق کرتا ہوں آئندہ اس کے کسی قسم کے لین دین کا میں ذمہ دار نہ ہوں گا جو کوئی بھی اس کے ساتھ لین دین کرے گا وہ اپنے نفع و نقصان کا خود ذمہ دار ہوگا۔ میرے بیٹے نے اپنی مرضی سے شادی کی ہے اور میرے ہر قسم کے رابطے اور کہنے سننے سے باہر ہے لہٰذا میں اس کو اپنی جائیداد منقولہ و غیر منقولہ سے عاق کرتا ہوں آئندہ اس کے کسی قسم کے لین دین کا میں ذمہ دار نہ ہوں گا جو کوئی بھی اس کے ساتھ لین دین کرے گا وہ اپنے نفع و نقصان کا خود ذمہ دار ہوگا۔
تنسیخ
حق میڈیا گروپ
77
میرے بیٹے نے اپنی مرضی سے شادی کی ہے اور میرے ہر قسم کے رابطے اور کہنے سننے سے باہر ہے لہٰذا میں اس کو اپنی جائیداد منقولہ و غیر منقولہ سے عاق کرتا ہوں آئندہ اس کے کسی قسم کے لین دین کا میں ذمہ دار نہ ہوں گا جو کوئی بھی اس کے ساتھ لین دین کرے گا وہ اپنے نفع و نقصان کا خود ذمہ دار ہوگا۔ میرے بیٹے نے اپنی مرضی سے شادی کی ہے اور میرے ہر قسم کے رابطے اور کہنے سننے سے باہر ہے لہٰذا میں اس کو اپنی جائیداد منقولہ و غیر منقولہ سے عاق کرتا ہوں آئندہ اس کے کسی قسم کے لین دین کا میں ذمہ دار نہ ہوں گا جو کوئی بھی اس کے ساتھ لین دین کرے گا وہ اپنے نفع و نقصان کا خود ذمہ دار ہوگا۔
تنسیخ
حق میڈیا گروپ
78
میرے بیٹے نے اپنی مرضی سے شادی کی ہے اور میرے ہر قسم کے رابطے اور کہنے سننے سے باہر ہے لہٰذا میں اس کو اپنی جائیداد منقولہ و غیر منقولہ سے عاق کرتا ہوں آئندہ اس کے کسی قسم کے لین دین کا میں ذمہ دار نہ ہوں گا جو کوئی بھی اس کے ساتھ لین دین کرے گا وہ اپنے نفع و نقصان کا خود ذمہ دار ہوگا۔ میرے بیٹے نے اپنی مرضی سے شادی کی ہے اور میرے ہر قسم کے رابطے اور کہنے سننے سے باہر ہے لہٰذا میں اس کو اپنی جائیداد منقولہ و غیر منقولہ سے عاق کرتا ہوں آئندہ اس کے کسی قسم کے لین دین کا میں ذمہ دار نہ ہوں گا جو کوئی بھی اس کے ساتھ لین دین کرے گا وہ اپنے نفع و نقصان کا خود ذمہ دار ہوگا۔
تنسیخ
حق میڈیا گروپ
51
میرے بیٹے نے اپنی مرضی سے شادی کی ہے اور میرے ہر قسم کے رابطے اور کہنے سننے سے باہر ہے لہٰذا میں اس کو اپنی جائیداد منقولہ و غیر منقولہ سے عاق کرتا ہوں آئندہ اس کے کسی قسم کے لین دین کا میں ذمہ دار نہ ہوں گا جو کوئی بھی اس کے ساتھ لین دین کرے گا وہ اپنے نفع و نقصان کا خود ذمہ دار ہوگا۔ میرے بیٹے نے اپنی مرضی سے شادی کی ہے اور میرے ہر قسم کے رابطے اور کہنے سننے سے باہر ہے لہٰذا میں اس کو اپنی جائیداد منقولہ و غیر منقولہ سے عاق کرتا ہوں آئندہ اس کے کسی قسم کے لین دین کا میں ذمہ دار نہ ہوں گا جو کوئی بھی اس کے ساتھ لین دین کرے گا وہ اپنے نفع و نقصان کا خود ذمہ دار ہوگا۔
تنسیخ
حق میڈیا گروپ
52
میرے بیٹے نے اپنی مرضی سے شادی کی ہے اور میرے ہر قسم کے رابطے اور کہنے سننے سے باہر ہے لہٰذا میں اس کو اپنی جائیداد منقولہ و غیر منقولہ سے عاق کرتا ہوں آئندہ اس کے کسی قسم کے لین دین کا میں ذمہ دار نہ ہوں گا جو کوئی بھی اس کے ساتھ لین دین کرے گا وہ اپنے نفع و نقصان کا خود ذمہ دار ہوگا۔ میرے بیٹے نے اپنی مرضی سے شادی کی ہے اور میرے ہر قسم کے رابطے اور کہنے سننے سے باہر ہے لہٰذا میں اس کو اپنی جائیداد منقولہ و غیر منقولہ سے عاق کرتا ہوں آئندہ اس کے کسی قسم کے لین دین کا میں ذمہ دار نہ ہوں گا جو کوئی بھی اس کے ساتھ لین دین کرے گا وہ اپنے نفع و نقصان کا خود ذمہ دار ہوگا۔
تنسیخ
حق میڈیا گروپ
53
میرے بیٹے نے اپنی مرضی سے شادی کی ہے اور میرے ہر قسم کے رابطے اور کہنے سننے سے باہر ہے لہٰذا میں اس کو اپنی جائیداد منقولہ و غیر منقولہ سے عاق کرتا ہوں آئندہ اس کے کسی قسم کے لین دین کا میں ذمہ دار نہ ہوں گا جو کوئی بھی اس کے ساتھ لین دین کرے گا وہ اپنے نفع و نقصان کا خود ذمہ دار ہوگا۔ میرے بیٹے نے اپنی مرضی سے شادی کی ہے اور میرے ہر قسم کے رابطے اور کہنے سننے سے باہر ہے لہٰذا میں اس کو اپنی جائیداد منقولہ و غیر منقولہ سے عاق کرتا ہوں آئندہ اس کے کسی قسم کے لین دین کا میں ذمہ دار نہ ہوں گا جو کوئی بھی اس کے ساتھ لین دین کرے گا وہ اپنے نفع و نقصان کا خود ذمہ دار ہوگا۔
تنسیخ
حق میڈیا گروپ
54
میرے بیٹے نے اپنی مرضی سے شادی کی ہے اور میرے ہر قسم کے رابطے اور کہنے سننے سے باہر ہے لہٰذا میں اس کو اپنی جائیداد منقولہ و غیر منقولہ سے عاق کرتا ہوں آئندہ اس کے کسی قسم کے لین دین کا میں ذمہ دار نہ ہوں گا جو کوئی بھی اس کے ساتھ لین دین کرے گا وہ اپنے نفع و نقصان کا خود ذمہ دار ہوگا۔ میرے بیٹے نے اپنی مرضی سے شادی کی ہے اور میرے ہر قسم کے رابطے اور کہنے سننے سے باہر ہے لہٰذا میں اس کو اپنی جائیداد منقولہ و غیر منقولہ سے عاق کرتا ہوں آئندہ اس کے کسی قسم کے لین دین کا میں ذمہ دار نہ ہوں گا جو کوئی بھی اس کے ساتھ لین دین کرے گا وہ اپنے نفع و نقصان کا خود ذمہ دار ہوگا۔
تنسیخ
حق میڈیا گروپ
55
میرے بیٹے نے اپنی مرضی سے شادی کی ہے اور میرے ہر قسم کے رابطے اور کہنے سننے سے باہر ہے لہٰذا میں اس کو اپنی جائیداد منقولہ و غیر منقولہ سے عاق کرتا ہوں آئندہ اس کے کسی قسم کے لین دین کا میں ذمہ دار نہ ہوں گا جو کوئی بھی اس کے ساتھ لین دین کرے گا وہ اپنے نفع و نقصان کا خود ذمہ دار ہوگا۔ میرے بیٹے نے اپنی مرضی سے شادی کی ہے اور میرے ہر قسم کے رابطے اور کہنے سننے سے باہر ہے لہٰذا میں اس کو اپنی جائیداد منقولہ و غیر منقولہ سے عاق کرتا ہوں آئندہ اس کے کسی قسم کے لین دین کا میں ذمہ دار نہ ہوں گا جو کوئی بھی اس کے ساتھ لین دین کرے گا وہ اپنے نفع و نقصان کا خود ذمہ دار ہوگا۔
تنسیخ
حق میڈیا گروپ
56
میرے بیٹے نے اپنی مرضی سے شادی کی ہے اور میرے ہر قسم کے رابطے اور کہنے سننے سے باہر ہے لہٰذا میں اس کو اپنی جائیداد منقولہ و غیر منقولہ سے عاق کرتا ہوں آئندہ اس کے کسی قسم کے لین دین کا میں ذمہ دار نہ ہوں گا جو کوئی بھی اس کے ساتھ لین دین کرے گا وہ اپنے نفع و نقصان کا خود ذمہ دار ہوگا۔ میرے بیٹے نے اپنی مرضی سے شادی کی ہے اور میرے ہر قسم کے رابطے اور کہنے سننے سے باہر ہے لہٰذا میں اس کو اپنی جائیداد منقولہ و غیر منقولہ سے عاق کرتا ہوں آئندہ اس کے کسی قسم کے لین دین کا میں ذمہ دار نہ ہوں گا جو کوئی بھی اس کے ساتھ لین دین کرے گا وہ اپنے نفع و نقصان کا خود ذمہ دار ہوگا۔
تنسیخ
حق میڈیا گروپ
57
میرے بیٹے نے اپنی مرضی سے شادی کی ہے اور میرے ہر قسم کے رابطے اور کہنے سننے سے باہر ہے لہٰذا میں اس کو اپنی جائیداد منقولہ و غیر منقولہ سے عاق کرتا ہوں آئندہ اس کے کسی قسم کے لین دین کا میں ذمہ دار نہ ہوں گا جو کوئی بھی اس کے ساتھ لین دین کرے گا وہ اپنے نفع و نقصان کا خود ذمہ دار ہوگا۔ میرے بیٹے نے اپنی مرضی سے شادی کی ہے اور میرے ہر قسم کے رابطے اور کہنے سننے سے باہر ہے لہٰذا میں اس کو اپنی جائیداد منقولہ و غیر منقولہ سے عاق کرتا ہوں آئندہ اس کے کسی قسم کے لین دین کا میں ذمہ دار نہ ہوں گا جو کوئی بھی اس کے ساتھ لین دین کرے گا وہ اپنے نفع و نقصان کا خود ذمہ دار ہوگا۔
تنسیخ
حق میڈیا گروپ
58
میرے بیٹے نے اپنی مرضی سے شادی کی ہے اور میرے ہر قسم کے رابطے اور کہنے سننے سے باہر ہے لہٰذا میں اس کو اپنی جائیداد منقولہ و غیر منقولہ سے عاق کرتا ہوں آئندہ اس کے کسی قسم کے لین دین کا میں ذمہ دار نہ ہوں گا جو کوئی بھی اس کے ساتھ لین دین کرے گا وہ اپنے نفع و نقصان کا خود ذمہ دار ہوگا۔ میرے بیٹے نے اپنی مرضی سے شادی کی ہے اور میرے ہر قسم کے رابطے اور کہنے سننے سے باہر ہے لہٰذا میں اس کو اپنی جائیداد منقولہ و غیر منقولہ سے عاق کرتا ہوں آئندہ اس کے کسی قسم کے لین دین کا میں ذمہ دار نہ ہوں گا جو کوئی بھی اس کے ساتھ لین دین کرے گا وہ اپنے نفع و نقصان کا خود ذمہ دار ہوگا۔
تنسیخ
حق میڈیا گروپ
59
میرے بیٹے نے اپنی مرضی سے شادی کی ہے اور میرے ہر قسم کے رابطے اور کہنے سننے سے باہر ہے لہٰذا میں اس کو اپنی جائیداد منقولہ و غیر منقولہ سے عاق کرتا ہوں آئندہ اس کے کسی قسم کے لین دین کا میں ذمہ دار نہ ہوں گا جو کوئی بھی اس کے ساتھ لین دین کرے گا وہ اپنے نفع و نقصان کا خود ذمہ دار ہوگا۔ میرے بیٹے نے اپنی مرضی سے شادی کی ہے اور میرے ہر قسم کے رابطے اور کہنے سننے سے باہر ہے لہٰذا میں اس کو اپنی جائیداد منقولہ و غیر منقولہ سے عاق کرتا ہوں آئندہ اس کے کسی قسم کے لین دین کا میں ذمہ دار نہ ہوں گا جو کوئی بھی اس کے ساتھ لین دین کرے گا وہ اپنے نفع و نقصان کا خود ذمہ دار ہوگا۔
تنسیخ
حق میڈیا گروپ
60
میرے بیٹے نے اپنی مرضی سے شادی کی ہے اور میرے ہر قسم کے رابطے اور کہنے سننے سے باہر ہے لہٰذا میں اس کو اپنی جائیداد منقولہ و غیر منقولہ سے عاق کرتا ہوں آئندہ اس کے کسی قسم کے لین دین کا میں ذمہ دار نہ ہوں گا جو کوئی بھی اس کے ساتھ لین دین کرے گا وہ اپنے نفع و نقصان کا خود ذمہ دار ہوگا۔ میرے بیٹے نے اپنی مرضی سے شادی کی ہے اور میرے ہر قسم کے رابطے اور کہنے سننے سے باہر ہے لہٰذا میں اس کو اپنی جائیداد منقولہ و غیر منقولہ سے عاق کرتا ہوں آئندہ اس کے کسی قسم کے لین دین کا میں ذمہ دار نہ ہوں گا جو کوئی بھی اس کے ساتھ لین دین کرے گا وہ اپنے نفع و نقصان کا خود ذمہ دار ہوگا۔
تنسیخ
حق میڈیا گروپ
61
میرے بیٹے نے اپنی مرضی سے شادی کی ہے اور میرے ہر قسم کے رابطے اور کہنے سننے سے باہر ہے لہٰذا میں اس کو اپنی جائیداد منقولہ و غیر منقولہ سے عاق کرتا ہوں آئندہ اس کے کسی قسم کے لین دین کا میں ذمہ دار نہ ہوں گا جو کوئی بھی اس کے ساتھ لین دین کرے گا وہ اپنے نفع و نقصان کا خود ذمہ دار ہوگا۔ میرے بیٹے نے اپنی مرضی سے شادی کی ہے اور میرے ہر قسم کے رابطے اور کہنے سننے سے باہر ہے لہٰذا میں اس کو اپنی جائیداد منقولہ و غیر منقولہ سے عاق کرتا ہوں آئندہ اس کے کسی قسم کے لین دین کا میں ذمہ دار نہ ہوں گا جو کوئی بھی اس کے ساتھ لین دین کرے گا وہ اپنے نفع و نقصان کا خود ذمہ دار ہوگا۔
تنسیخ
حق میڈیا گروپ
62
میرے بیٹے نے اپنی مرضی سے شادی کی ہے اور میرے ہر قسم کے رابطے اور کہنے سننے سے باہر ہے لہٰذا میں اس کو اپنی جائیداد منقولہ و غیر منقولہ سے عاق کرتا ہوں آئندہ اس کے کسی قسم کے لین دین کا میں ذمہ دار نہ ہوں گا جو کوئی بھی اس کے ساتھ لین دین کرے گا وہ اپنے نفع و نقصان کا خود ذمہ دار ہوگا۔ میرے بیٹے نے اپنی مرضی سے شادی کی ہے اور میرے ہر قسم کے رابطے اور کہنے سننے سے باہر ہے لہٰذا میں اس کو اپنی جائیداد منقولہ و غیر منقولہ سے عاق کرتا ہوں آئندہ اس کے کسی قسم کے لین دین کا میں ذمہ دار نہ ہوں گا جو کوئی بھی اس کے ساتھ لین دین کرے گا وہ اپنے نفع و نقصان کا خود ذمہ دار ہوگا۔
تنسیخ
حق میڈیا گروپ
36
میرے بیٹے نے اپنی مرضی سے شادی کی ہے اور میرے ہر قسم کے رابطے اور کہنے سننے سے باہر ہے لہٰذا میں اس کو اپنی جائیداد منقولہ و غیر منقولہ سے عاق کرتا ہوں آئندہ اس کے کسی قسم کے لین دین کا میں ذمہ دار نہ ہوں گا جو کوئی بھی اس کے ساتھ لین دین کرے گا وہ اپنے نفع و نقصان کا خود ذمہ دار ہوگا۔ میرے بیٹے نے اپنی مرضی سے شادی کی ہے اور میرے ہر قسم کے رابطے اور کہنے سننے سے باہر ہے لہٰذا میں اس کو اپنی جائیداد منقولہ و غیر منقولہ سے عاق کرتا ہوں آئندہ اس کے کسی قسم کے لین دین کا میں ذمہ دار نہ ہوں گا جو کوئی بھی اس کے ساتھ لین دین کرے گا وہ اپنے نفع و نقصان کا خود ذمہ دار ہوگا۔
تنسیخ
حق میڈیا گروپ
37
میرے بیٹے نے اپنی مرضی سے شادی کی ہے اور میرے ہر قسم کے رابطے اور کہنے سننے سے باہر ہے لہٰذا میں اس کو اپنی جائیداد منقولہ و غیر منقولہ سے عاق کرتا ہوں آئندہ اس کے کسی قسم کے لین دین کا میں ذمہ دار نہ ہوں گا جو کوئی بھی اس کے ساتھ لین دین کرے گا وہ اپنے نفع و نقصان کا خود ذمہ دار ہوگا۔ میرے بیٹے نے اپنی مرضی سے شادی کی ہے اور میرے ہر قسم کے رابطے اور کہنے سننے سے باہر ہے لہٰذا میں اس کو اپنی جائیداد منقولہ و غیر منقولہ سے عاق کرتا ہوں آئندہ اس کے کسی قسم کے لین دین کا میں ذمہ دار نہ ہوں گا جو کوئی بھی اس کے ساتھ لین دین کرے گا وہ اپنے نفع و نقصان کا خود ذمہ دار ہوگا۔
تنسیخ
حق میڈیا گروپ
38
میرے بیٹے نے اپنی مرضی سے شادی کی ہے اور میرے ہر قسم کے رابطے اور کہنے سننے سے باہر ہے لہٰذا میں اس کو اپنی جائیداد منقولہ و غیر منقولہ سے عاق کرتا ہوں آئندہ اس کے کسی قسم کے لین دین کا میں ذمہ دار نہ ہوں گا جو کوئی بھی اس کے ساتھ لین دین کرے گا وہ اپنے نفع و نقصان کا خود ذمہ دار ہوگا۔ میرے بیٹے نے اپنی مرضی سے شادی کی ہے اور میرے ہر قسم کے رابطے اور کہنے سننے سے باہر ہے لہٰذا میں اس کو اپنی جائیداد منقولہ و غیر منقولہ سے عاق کرتا ہوں آئندہ اس کے کسی قسم کے لین دین کا میں ذمہ دار نہ ہوں گا جو کوئی بھی اس کے ساتھ لین دین کرے گا وہ اپنے نفع و نقصان کا خود ذمہ دار ہوگا۔
تنسیخ
حق میڈیا گروپ
39
میرے بیٹے نے اپنی مرضی سے شادی کی ہے اور میرے ہر قسم کے رابطے اور کہنے سننے سے باہر ہے لہٰذا میں اس کو اپنی جائیداد منقولہ و غیر منقولہ سے عاق کرتا ہوں آئندہ اس کے کسی قسم کے لین دین کا میں ذمہ دار نہ ہوں گا جو کوئی بھی اس کے ساتھ لین دین کرے گا وہ اپنے نفع و نقصان کا خود ذمہ دار ہوگا۔ میرے بیٹے نے اپنی مرضی سے شادی کی ہے اور میرے ہر قسم کے رابطے اور کہنے سننے سے باہر ہے لہٰذا میں اس کو اپنی جائیداد منقولہ و غیر منقولہ سے عاق کرتا ہوں آئندہ اس کے کسی قسم کے لین دین کا میں ذمہ دار نہ ہوں گا جو کوئی بھی اس کے ساتھ لین دین کرے گا وہ اپنے نفع و نقصان کا خود ذمہ دار ہوگا۔
تنسیخ
حق میڈیا گروپ
40
میرے بیٹے نے اپنی مرضی سے شادی کی ہے اور میرے ہر قسم کے رابطے اور کہنے سننے سے باہر ہے لہٰذا میں اس کو اپنی جائیداد منقولہ و غیر منقولہ سے عاق کرتا ہوں آئندہ اس کے کسی قسم کے لین دین کا میں ذمہ دار نہ ہوں گا جو کوئی بھی اس کے ساتھ لین دین کرے گا وہ اپنے نفع و نقصان کا خود ذمہ دار ہوگا۔ میرے بیٹے نے اپنی مرضی سے شادی کی ہے اور میرے ہر قسم کے رابطے اور کہنے سننے سے باہر ہے لہٰذا میں اس کو اپنی جائیداد منقولہ و غیر منقولہ سے عاق کرتا ہوں آئندہ اس کے کسی قسم کے لین دین کا میں ذمہ دار نہ ہوں گا جو کوئی بھی اس کے ساتھ لین دین کرے گا وہ اپنے نفع و نقصان کا خود ذمہ دار ہوگا۔
تنسیخ
حق میڈیا گروپ
41
میرے بیٹے نے اپنی مرضی سے شادی کی ہے اور میرے ہر قسم کے رابطے اور کہنے سننے سے باہر ہے لہٰذا میں اس کو اپنی جائیداد منقولہ و غیر منقولہ سے عاق کرتا ہوں آئندہ اس کے کسی قسم کے لین دین کا میں ذمہ دار نہ ہوں گا جو کوئی بھی اس کے ساتھ لین دین کرے گا وہ اپنے نفع و نقصان کا خود ذمہ دار ہوگا۔ میرے بیٹے نے اپنی مرضی سے شادی کی ہے اور میرے ہر قسم کے رابطے اور کہنے سننے سے باہر ہے لہٰذا میں اس کو اپنی جائیداد منقولہ و غیر منقولہ سے عاق کرتا ہوں آئندہ اس کے کسی قسم کے لین دین کا میں ذمہ دار نہ ہوں گا جو کوئی بھی اس کے ساتھ لین دین کرے گا وہ اپنے نفع و نقصان کا خود ذمہ دار ہوگا۔
تنسیخ
حق میڈیا گروپ
42
میرے بیٹے نے اپنی مرضی سے شادی کی ہے اور میرے ہر قسم کے رابطے اور کہنے سننے سے باہر ہے لہٰذا میں اس کو اپنی جائیداد منقولہ و غیر منقولہ سے عاق کرتا ہوں آئندہ اس کے کسی قسم کے لین دین کا میں ذمہ دار نہ ہوں گا جو کوئی بھی اس کے ساتھ لین دین کرے گا وہ اپنے نفع و نقصان کا خود ذمہ دار ہوگا۔ میرے بیٹے نے اپنی مرضی سے شادی کی ہے اور میرے ہر قسم کے رابطے اور کہنے سننے سے باہر ہے لہٰذا میں اس کو اپنی جائیداد منقولہ و غیر منقولہ سے عاق کرتا ہوں آئندہ اس کے کسی قسم کے لین دین کا میں ذمہ دار نہ ہوں گا جو کوئی بھی اس کے ساتھ لین دین کرے گا وہ اپنے نفع و نقصان کا خود ذمہ دار ہوگا۔
تنسیخ
حق میڈیا گروپ
43
میرے بیٹے نے اپنی مرضی سے شادی کی ہے اور میرے ہر قسم کے رابطے اور کہنے سننے سے باہر ہے لہٰذا میں اس کو اپنی جائیداد منقولہ و غیر منقولہ سے عاق کرتا ہوں آئندہ اس کے کسی قسم کے لین دین کا میں ذمہ دار نہ ہوں گا جو کوئی بھی اس کے ساتھ لین دین کرے گا وہ اپنے نفع و نقصان کا خود ذمہ دار ہوگا۔ میرے بیٹے نے اپنی مرضی سے شادی کی ہے اور میرے ہر قسم کے رابطے اور کہنے سننے سے باہر ہے لہٰذا میں اس کو اپنی جائیداد منقولہ و غیر منقولہ سے عاق کرتا ہوں آئندہ اس کے کسی قسم کے لین دین کا میں ذمہ دار نہ ہوں گا جو کوئی بھی اس کے ساتھ لین دین کرے گا وہ اپنے نفع و نقصان کا خود ذمہ دار ہوگا۔
تنسیخ
حق میڈیا گروپ
44
میرے بیٹے نے اپنی مرضی سے شادی کی ہے اور میرے ہر قسم کے رابطے اور کہنے سننے سے باہر ہے لہٰذا میں اس کو اپنی جائیداد منقولہ و غیر منقولہ سے عاق کرتا ہوں آئندہ اس کے کسی قسم کے لین دین کا میں ذمہ دار نہ ہوں گا جو کوئی بھی اس کے ساتھ لین دین کرے گا وہ اپنے نفع و نقصان کا خود ذمہ دار ہوگا۔ میرے بیٹے نے اپنی مرضی سے شادی کی ہے اور میرے ہر قسم کے رابطے اور کہنے سننے سے باہر ہے لہٰذا میں اس کو اپنی جائیداد منقولہ و غیر منقولہ سے عاق کرتا ہوں آئندہ اس کے کسی قسم کے لین دین کا میں ذمہ دار نہ ہوں گا جو کوئی بھی اس کے ساتھ لین دین کرے گا وہ اپنے نفع و نقصان کا خود ذمہ دار ہوگا۔
تنسیخ
حق میڈیا گروپ
45
میرے بیٹے نے اپنی مرضی سے شادی کی ہے اور میرے ہر قسم کے رابطے اور کہنے سننے سے باہر ہے لہٰذا میں اس کو اپنی جائیداد منقولہ و غیر منقولہ سے عاق کرتا ہوں آئندہ اس کے کسی قسم کے لین دین کا میں ذمہ دار نہ ہوں گا جو کوئی بھی اس کے ساتھ لین دین کرے گا وہ اپنے نفع و نقصان کا خود ذمہ دار ہوگا۔ میرے بیٹے نے اپنی مرضی سے شادی کی ہے اور میرے ہر قسم کے رابطے اور کہنے سننے سے باہر ہے لہٰذا میں اس کو اپنی جائیداد منقولہ و غیر منقولہ سے عاق کرتا ہوں آئندہ اس کے کسی قسم کے لین دین کا میں ذمہ دار نہ ہوں گا جو کوئی بھی اس کے ساتھ لین دین کرے گا وہ اپنے نفع و نقصان کا خود ذمہ دار ہوگا۔
تنسیخ
حق میڈیا گروپ
46
میرے بیٹے نے اپنی مرضی سے شادی کی ہے اور میرے ہر قسم کے رابطے اور کہنے سننے سے باہر ہے لہٰذا میں اس کو اپنی جائیداد منقولہ و غیر منقولہ سے عاق کرتا ہوں آئندہ اس کے کسی قسم کے لین دین کا میں ذمہ دار نہ ہوں گا جو کوئی بھی اس کے ساتھ لین دین کرے گا وہ اپنے نفع و نقصان کا خود ذمہ دار ہوگا۔ میرے بیٹے نے اپنی مرضی سے شادی کی ہے اور میرے ہر قسم کے رابطے اور کہنے سننے سے باہر ہے لہٰذا میں اس کو اپنی جائیداد منقولہ و غیر منقولہ سے عاق کرتا ہوں آئندہ اس کے کسی قسم کے لین دین کا میں ذمہ دار نہ ہوں گا جو کوئی بھی اس کے ساتھ لین دین کرے گا وہ اپنے نفع و نقصان کا خود ذمہ دار ہوگا۔
تنسیخ
حق میڈیا گروپ
47
میرے بیٹے نے اپنی مرضی سے شادی کی ہے اور میرے ہر قسم کے رابطے اور کہنے سننے سے باہر ہے لہٰذا میں اس کو اپنی جائیداد منقولہ و غیر منقولہ سے عاق کرتا ہوں آئندہ اس کے کسی قسم کے لین دین کا میں ذمہ دار نہ ہوں گا جو کوئی بھی اس کے ساتھ لین دین کرے گا وہ اپنے نفع و نقصان کا خود ذمہ دار ہوگا۔ میرے بیٹے نے اپنی مرضی سے شادی کی ہے اور میرے ہر قسم کے رابطے اور کہنے سننے سے باہر ہے لہٰذا میں اس کو اپنی جائیداد منقولہ و غیر منقولہ سے عاق کرتا ہوں آئندہ اس کے کسی قسم کے لین دین کا میں ذمہ دار نہ ہوں گا جو کوئی بھی اس کے ساتھ لین دین کرے گا وہ اپنے نفع و نقصان کا خود ذمہ دار ہوگا۔
تنسیخ
حق میڈیا گروپ
48
میرے بیٹے نے اپنی مرضی سے شادی کی ہے اور میرے ہر قسم کے رابطے اور کہنے سننے سے باہر ہے لہٰذا میں اس کو اپنی جائیداد منقولہ و غیر منقولہ سے عاق کرتا ہوں آئندہ اس کے کسی قسم کے لین دین کا میں ذمہ دار نہ ہوں گا جو کوئی بھی اس کے ساتھ لین دین کرے گا وہ اپنے نفع و نقصان کا خود ذمہ دار ہوگا۔ میرے بیٹے نے اپنی مرضی سے شادی کی ہے اور میرے ہر قسم کے رابطے اور کہنے سننے سے باہر ہے لہٰذا میں اس کو اپنی جائیداد منقولہ و غیر منقولہ سے عاق کرتا ہوں آئندہ اس کے کسی قسم کے لین دین کا میں ذمہ دار نہ ہوں گا جو کوئی بھی اس کے ساتھ لین دین کرے گا وہ اپنے نفع و نقصان کا خود ذمہ دار ہوگا۔
تنسیخ
حق میڈیا گروپ
49
میرے بیٹے نے اپنی مرضی سے شادی کی ہے اور میرے ہر قسم کے رابطے اور کہنے سننے سے باہر ہے لہٰذا میں اس کو اپنی جائیداد منقولہ و غیر منقولہ سے عاق کرتا ہوں آئندہ اس کے کسی قسم کے لین دین کا میں ذمہ دار نہ ہوں گا جو کوئی بھی اس کے ساتھ لین دین کرے گا وہ اپنے نفع و نقصان کا خود ذمہ دار ہوگا۔ میرے بیٹے نے اپنی مرضی سے شادی کی ہے اور میرے ہر قسم کے رابطے اور کہنے سننے سے باہر ہے لہٰذا میں اس کو اپنی جائیداد منقولہ و غیر منقولہ سے عاق کرتا ہوں آئندہ اس کے کسی قسم کے لین دین کا میں ذمہ دار نہ ہوں گا جو کوئی بھی اس کے ساتھ لین دین کرے گا وہ اپنے نفع و نقصان کا خود ذمہ دار ہوگا۔
تنسیخ
حق میڈیا گروپ
50
میرے بیٹے نے اپنی مرضی سے شادی کی ہے اور میرے ہر قسم کے رابطے اور کہنے سننے سے باہر ہے لہٰذا میں اس کو اپنی جائیداد منقولہ و غیر منقولہ سے عاق کرتا ہوں آئندہ اس کے کسی قسم کے لین دین کا میں ذمہ دار نہ ہوں گا جو کوئی بھی اس کے ساتھ لین دین کرے گا وہ اپنے نفع و نقصان کا خود ذمہ دار ہوگا۔ میرے بیٹے نے اپنی مرضی سے شادی کی ہے اور میرے ہر قسم کے رابطے اور کہنے سننے سے باہر ہے لہٰذا میں اس کو اپنی جائیداد منقولہ و غیر منقولہ سے عاق کرتا ہوں آئندہ اس کے کسی قسم کے لین دین کا میں ذمہ دار نہ ہوں گا جو کوئی بھی اس کے ساتھ لین دین کرے گا وہ اپنے نفع و نقصان کا خود ذمہ دار ہوگا۔
تنسیخ
حق میڈیا گروپ
17
میرے بیٹے نے اپنی مرضی سے شادی کی ہے اور میرے ہر قسم کے رابطے اور کہنے سننے سے باہر ہے لہٰذا میں اس کو اپنی جائیداد منقولہ و غیر منقولہ سے عاق کرتا ہوں آئندہ اس کے کسی قسم کے لین دین کا میں ذمہ دار نہ ہوں گا جو کوئی بھی اس کے ساتھ لین دین کرے گا وہ اپنے نفع و نقصان کا خود ذمہ دار ہوگا۔ میرے بیٹے نے اپنی مرضی سے شادی کی ہے اور میرے ہر قسم کے رابطے اور کہنے سننے سے باہر ہے لہٰذا میں اس کو اپنی جائیداد منقولہ و غیر منقولہ سے عاق کرتا ہوں آئندہ اس کے کسی قسم کے لین دین کا میں ذمہ دار نہ ہوں گا جو کوئی بھی اس کے ساتھ لین دین کرے گا وہ اپنے نفع و نقصان کا خود ذمہ دار ہوگا۔
تنسیخ
حق میڈیا گروپ
18
میرے بیٹے نے اپنی مرضی سے شادی کی ہے اور میرے ہر قسم کے رابطے اور کہنے سننے سے باہر ہے لہٰذا میں اس کو اپنی جائیداد منقولہ و غیر منقولہ سے عاق کرتا ہوں آئندہ اس کے کسی قسم کے لین دین کا میں ذمہ دار نہ ہوں گا جو کوئی بھی اس کے ساتھ لین دین کرے گا وہ اپنے نفع و نقصان کا خود ذمہ دار ہوگا۔ میرے بیٹے نے اپنی مرضی سے شادی کی ہے اور میرے ہر قسم کے رابطے اور کہنے سننے سے باہر ہے لہٰذا میں اس کو اپنی جائیداد منقولہ و غیر منقولہ سے عاق کرتا ہوں آئندہ اس کے کسی قسم کے لین دین کا میں ذمہ دار نہ ہوں گا جو کوئی بھی اس کے ساتھ لین دین کرے گا وہ اپنے نفع و نقصان کا خود ذمہ دار ہوگا۔
تنسیخ
حق میڈیا گروپ
19
میرے بیٹے نے اپنی مرضی سے شادی کی ہے اور میرے ہر قسم کے رابطے اور کہنے سننے سے باہر ہے لہٰذا میں اس کو اپنی جائیداد منقولہ و غیر منقولہ سے عاق کرتا ہوں آئندہ اس کے کسی قسم کے لین دین کا میں ذمہ دار نہ ہوں گا جو کوئی بھی اس کے ساتھ لین دین کرے گا وہ اپنے نفع و نقصان کا خود ذمہ دار ہوگا۔ میرے بیٹے نے اپنی مرضی سے شادی کی ہے اور میرے ہر قسم کے رابطے اور کہنے سننے سے باہر ہے لہٰذا میں اس کو اپنی جائیداد منقولہ و غیر منقولہ سے عاق کرتا ہوں آئندہ اس کے کسی قسم کے لین دین کا میں ذمہ دار نہ ہوں گا جو کوئی بھی اس کے ساتھ لین دین کرے گا وہ اپنے نفع و نقصان کا خود ذمہ دار ہوگا۔
تنسیخ
حق میڈیا گروپ
20
میرے بیٹے نے اپنی مرضی سے شادی کی ہے اور میرے ہر قسم کے رابطے اور کہنے سننے سے باہر ہے لہٰذا میں اس کو اپنی جائیداد منقولہ و غیر منقولہ سے عاق کرتا ہوں آئندہ اس کے کسی قسم کے لین دین کا میں ذمہ دار نہ ہوں گا جو کوئی بھی اس کے ساتھ لین دین کرے گا وہ اپنے نفع و نقصان کا خود ذمہ دار ہوگا۔ میرے بیٹے نے اپنی مرضی سے شادی کی ہے اور میرے ہر قسم کے رابطے اور کہنے سننے سے باہر ہے لہٰذا میں اس کو اپنی جائیداد منقولہ و غیر منقولہ سے عاق کرتا ہوں آئندہ اس کے کسی قسم کے لین دین کا میں ذمہ دار نہ ہوں گا جو کوئی بھی اس کے ساتھ لین دین کرے گا وہ اپنے نفع و نقصان کا خود ذمہ دار ہوگا۔
تنسیخ
حق میڈیا گروپ
21
میرے بیٹے نے اپنی مرضی سے شادی کی ہے اور میرے ہر قسم کے رابطے اور کہنے سننے سے باہر ہے لہٰذا میں اس کو اپنی جائیداد منقولہ و غیر منقولہ سے عاق کرتا ہوں آئندہ اس کے کسی قسم کے لین دین کا میں ذمہ دار نہ ہوں گا جو کوئی بھی اس کے ساتھ لین دین کرے گا وہ اپنے نفع و نقصان کا خود ذمہ دار ہوگا۔ میرے بیٹے نے اپنی مرضی سے شادی کی ہے اور میرے ہر قسم کے رابطے اور کہنے سننے سے باہر ہے لہٰذا میں اس کو اپنی جائیداد منقولہ و غیر منقولہ سے عاق کرتا ہوں آئندہ اس کے کسی قسم کے لین دین کا میں ذمہ دار نہ ہوں گا جو کوئی بھی اس کے ساتھ لین دین کرے گا وہ اپنے نفع و نقصان کا خود ذمہ دار ہوگا۔
تنسیخ
حق میڈیا گروپ
22
میرے بیٹے نے اپنی مرضی سے شادی کی ہے اور میرے ہر قسم کے رابطے اور کہنے سننے سے باہر ہے لہٰذا میں اس کو اپنی جائیداد منقولہ و غیر منقولہ سے عاق کرتا ہوں آئندہ اس کے کسی قسم کے لین دین کا میں ذمہ دار نہ ہوں گا جو کوئی بھی اس کے ساتھ لین دین کرے گا وہ اپنے نفع و نقصان کا خود ذمہ دار ہوگا۔ میرے بیٹے نے اپنی مرضی سے شادی کی ہے اور میرے ہر قسم کے رابطے اور کہنے سننے سے باہر ہے لہٰذا میں اس کو اپنی جائیداد منقولہ و غیر منقولہ سے عاق کرتا ہوں آئندہ اس کے کسی قسم کے لین دین کا میں ذمہ دار نہ ہوں گا جو کوئی بھی اس کے ساتھ لین دین کرے گا وہ اپنے نفع و نقصان کا خود ذمہ دار ہوگا۔
تنسیخ
حق میڈیا گروپ
23
میرے بیٹے نے اپنی مرضی سے شادی کی ہے اور میرے ہر قسم کے رابطے اور کہنے سننے سے باہر ہے لہٰذا میں اس کو اپنی جائیداد منقولہ و غیر منقولہ سے عاق کرتا ہوں آئندہ اس کے کسی قسم کے لین دین کا میں ذمہ دار نہ ہوں گا جو کوئی بھی اس کے ساتھ لین دین کرے گا وہ اپنے نفع و نقصان کا خود ذمہ دار ہوگا۔ میرے بیٹے نے اپنی مرضی سے شادی کی ہے اور میرے ہر قسم کے رابطے اور کہنے سننے سے باہر ہے لہٰذا میں اس کو اپنی جائیداد منقولہ و غیر منقولہ سے عاق کرتا ہوں آئندہ اس کے کسی قسم کے لین دین کا میں ذمہ دار نہ ہوں گا جو کوئی بھی اس کے ساتھ لین دین کرے گا وہ اپنے نفع و نقصان کا خود ذمہ دار ہوگا۔
تنسیخ
حق میڈیا گروپ
24
میرے بیٹے نے اپنی مرضی سے شادی کی ہے اور میرے ہر قسم کے رابطے اور کہنے سننے سے باہر ہے لہٰذا میں اس کو اپنی جائیداد منقولہ و غیر منقولہ سے عاق کرتا ہوں آئندہ اس کے کسی قسم کے لین دین کا میں ذمہ دار نہ ہوں گا جو کوئی بھی اس کے ساتھ لین دین کرے گا وہ اپنے نفع و نقصان کا خود ذمہ دار ہوگا۔ میرے بیٹے نے اپنی مرضی سے شادی کی ہے اور میرے ہر قسم کے رابطے اور کہنے سننے سے باہر ہے لہٰذا میں اس کو اپنی جائیداد منقولہ و غیر منقولہ سے عاق کرتا ہوں آئندہ اس کے کسی قسم کے لین دین کا میں ذمہ دار نہ ہوں گا جو کوئی بھی اس کے ساتھ لین دین کرے گا وہ اپنے نفع و نقصان کا خود ذمہ دار ہوگا۔
تنسیخ
حق میڈیا گروپ
25
میرے بیٹے نے اپنی مرضی سے شادی کی ہے اور میرے ہر قسم کے رابطے اور کہنے سننے سے باہر ہے لہٰذا میں اس کو اپنی جائیداد منقولہ و غیر منقولہ سے عاق کرتا ہوں آئندہ اس کے کسی قسم کے لین دین کا میں ذمہ دار نہ ہوں گا جو کوئی بھی اس کے ساتھ لین دین کرے گا وہ اپنے نفع و نقصان کا خود ذمہ دار ہوگا۔ میرے بیٹے نے اپنی مرضی سے شادی کی ہے اور میرے ہر قسم کے رابطے اور کہنے سننے سے باہر ہے لہٰذا میں اس کو اپنی جائیداد منقولہ و غیر منقولہ سے عاق کرتا ہوں آئندہ اس کے کسی قسم کے لین دین کا میں ذمہ دار نہ ہوں گا جو کوئی بھی اس کے ساتھ لین دین کرے گا وہ اپنے نفع و نقصان کا خود ذمہ دار ہوگا۔
تنسیخ
حق میڈیا گروپ
26
میرے بیٹے نے اپنی مرضی سے شادی کی ہے اور میرے ہر قسم کے رابطے اور کہنے سننے سے باہر ہے لہٰذا میں اس کو اپنی جائیداد منقولہ و غیر منقولہ سے عاق کرتا ہوں آئندہ اس کے کسی قسم کے لین دین کا میں ذمہ دار نہ ہوں گا جو کوئی بھی اس کے ساتھ لین دین کرے گا وہ اپنے نفع و نقصان کا خود ذمہ دار ہوگا۔ میرے بیٹے نے اپنی مرضی سے شادی کی ہے اور میرے ہر قسم کے رابطے اور کہنے سننے سے باہر ہے لہٰذا میں اس کو اپنی جائیداد منقولہ و غیر منقولہ سے عاق کرتا ہوں آئندہ اس کے کسی قسم کے لین دین کا میں ذمہ دار نہ ہوں گا جو کوئی بھی اس کے ساتھ لین دین کرے گا وہ اپنے نفع و نقصان کا خود ذمہ دار ہوگا۔
تنسیخ
حق میڈیا گروپ
27
میرے بیٹے نے اپنی مرضی سے شادی کی ہے اور میرے ہر قسم کے رابطے اور کہنے سننے سے باہر ہے لہٰذا میں اس کو اپنی جائیداد منقولہ و غیر منقولہ سے عاق کرتا ہوں آئندہ اس کے کسی قسم کے لین دین کا میں ذمہ دار نہ ہوں گا جو کوئی بھی اس کے ساتھ لین دین کرے گا وہ اپنے نفع و نقصان کا خود ذمہ دار ہوگا۔ میرے بیٹے نے اپنی مرضی سے شادی کی ہے اور میرے ہر قسم کے رابطے اور کہنے سننے سے باہر ہے لہٰذا میں اس کو اپنی جائیداد منقولہ و غیر منقولہ سے عاق کرتا ہوں آئندہ اس کے کسی قسم کے لین دین کا میں ذمہ دار نہ ہوں گا جو کوئی بھی اس کے ساتھ لین دین کرے گا وہ اپنے نفع و نقصان کا خود ذمہ دار ہوگا۔
تنسیخ
حق میڈیا گروپ
28
میرے بیٹے نے اپنی مرضی سے شادی کی ہے اور میرے ہر قسم کے رابطے اور کہنے سننے سے باہر ہے لہٰذا میں اس کو اپنی جائیداد منقولہ و غیر منقولہ سے عاق کرتا ہوں آئندہ اس کے کسی قسم کے لین دین کا میں ذمہ دار نہ ہوں گا جو کوئی بھی اس کے ساتھ لین دین کرے گا وہ اپنے نفع و نقصان کا خود ذمہ دار ہوگا۔ میرے بیٹے نے اپنی مرضی سے شادی کی ہے اور میرے ہر قسم کے رابطے اور کہنے سننے سے باہر ہے لہٰذا میں اس کو اپنی جائیداد منقولہ و غیر منقولہ سے عاق کرتا ہوں آئندہ اس کے کسی قسم کے لین دین کا میں ذمہ دار نہ ہوں گا جو کوئی بھی اس کے ساتھ لین دین کرے گا وہ اپنے نفع و نقصان کا خود ذمہ دار ہوگا۔
تنسیخ
حق میڈیا گروپ
29
میرے بیٹے نے اپنی مرضی سے شادی کی ہے اور میرے ہر قسم کے رابطے اور کہنے سننے سے باہر ہے لہٰذا میں اس کو اپنی جائیداد منقولہ و غیر منقولہ سے عاق کرتا ہوں آئندہ اس کے کسی قسم کے لین دین کا میں ذمہ دار نہ ہوں گا جو کوئی بھی اس کے ساتھ لین دین کرے گا وہ اپنے نفع و نقصان کا خود ذمہ دار ہوگا۔ میرے بیٹے نے اپنی مرضی سے شادی کی ہے اور میرے ہر قسم کے رابطے اور کہنے سننے سے باہر ہے لہٰذا میں اس کو اپنی جائیداد منقولہ و غیر منقولہ سے عاق کرتا ہوں آئندہ اس کے کسی قسم کے لین دین کا میں ذمہ دار نہ ہوں گا جو کوئی بھی اس کے ساتھ لین دین کرے گا وہ اپنے نفع و نقصان کا خود ذمہ دار ہوگا۔
تنسیخ
حق میڈیا گروپ
30
میرے بیٹے نے اپنی مرضی سے شادی کی ہے اور میرے ہر قسم کے رابطے اور کہنے سننے سے باہر ہے لہٰذا میں اس کو اپنی جائیداد منقولہ و غیر منقولہ سے عاق کرتا ہوں آئندہ اس کے کسی قسم کے لین دین کا میں ذمہ دار نہ ہوں گا جو کوئی بھی اس کے ساتھ لین دین کرے گا وہ اپنے نفع و نقصان کا خود ذمہ دار ہوگا۔ میرے بیٹے نے اپنی مرضی سے شادی کی ہے اور میرے ہر قسم کے رابطے اور کہنے سننے سے باہر ہے لہٰذا میں اس کو اپنی جائیداد منقولہ و غیر منقولہ سے عاق کرتا ہوں آئندہ اس کے کسی قسم کے لین دین کا میں ذمہ دار نہ ہوں گا جو کوئی بھی اس کے ساتھ لین دین کرے گا وہ اپنے نفع و نقصان کا خود ذمہ دار ہوگا۔
تنسیخ
حق میڈیا گروپ
31
میرے بیٹے نے اپنی مرضی سے شادی کی ہے اور میرے ہر قسم کے رابطے اور کہنے سننے سے باہر ہے لہٰذا میں اس کو اپنی جائیداد منقولہ و غیر منقولہ سے عاق کرتا ہوں آئندہ اس کے کسی قسم کے لین دین کا میں ذمہ دار نہ ہوں گا جو کوئی بھی اس کے ساتھ لین دین کرے گا وہ اپنے نفع و نقصان کا خود ذمہ دار ہوگا۔ میرے بیٹے نے اپنی مرضی سے شادی کی ہے اور میرے ہر قسم کے رابطے اور کہنے سننے سے باہر ہے لہٰذا میں اس کو اپنی جائیداد منقولہ و غیر منقولہ سے عاق کرتا ہوں آئندہ اس کے کسی قسم کے لین دین کا میں ذمہ دار نہ ہوں گا جو کوئی بھی اس کے ساتھ لین دین کرے گا وہ اپنے نفع و نقصان کا خود ذمہ دار ہوگا۔
تنسیخ
حق میڈیا گروپ
32
میرے بیٹے نے اپنی مرضی سے شادی کی ہے اور میرے ہر قسم کے رابطے اور کہنے سننے سے باہر ہے لہٰذا میں اس کو اپنی جائیداد منقولہ و غیر منقولہ سے عاق کرتا ہوں آئندہ اس کے کسی قسم کے لین دین کا میں ذمہ دار نہ ہوں گا جو کوئی بھی اس کے ساتھ لین دین کرے گا وہ اپنے نفع و نقصان کا خود ذمہ دار ہوگا۔ میرے بیٹے نے اپنی مرضی سے شادی کی ہے اور میرے ہر قسم کے رابطے اور کہنے سننے سے باہر ہے لہٰذا میں اس کو اپنی جائیداد منقولہ و غیر منقولہ سے عاق کرتا ہوں آئندہ اس کے کسی قسم کے لین دین کا میں ذمہ دار نہ ہوں گا جو کوئی بھی اس کے ساتھ لین دین کرے گا وہ اپنے نفع و نقصان کا خود ذمہ دار ہوگا۔
تنسیخ
حق میڈیا گروپ
33
میرے بیٹے نے اپنی مرضی سے شادی کی ہے اور میرے ہر قسم کے رابطے اور کہنے سننے سے باہر ہے لہٰذا میں اس کو اپنی جائیداد منقولہ و غیر منقولہ سے عاق کرتا ہوں آئندہ اس کے کسی قسم کے لین دین کا میں ذمہ دار نہ ہوں گا جو کوئی بھی اس کے ساتھ لین دین کرے گا وہ اپنے نفع و نقصان کا خود ذمہ دار ہوگا۔ میرے بیٹے نے اپنی مرضی سے شادی کی ہے اور میرے ہر قسم کے رابطے اور کہنے سننے سے باہر ہے لہٰذا میں اس کو اپنی جائیداد منقولہ و غیر منقولہ سے عاق کرتا ہوں آئندہ اس کے کسی قسم کے لین دین کا میں ذمہ دار نہ ہوں گا جو کوئی بھی اس کے ساتھ لین دین کرے گا وہ اپنے نفع و نقصان کا خود ذمہ دار ہوگا۔
تنسیخ
حق میڈیا گروپ
34
میرے بیٹے نے اپنی مرضی سے شادی کی ہے اور میرے ہر قسم کے رابطے اور کہنے سننے سے باہر ہے لہٰذا میں اس کو اپنی جائیداد منقولہ و غیر منقولہ سے عاق کرتا ہوں آئندہ اس کے کسی قسم کے لین دین کا میں ذمہ دار نہ ہوں گا جو کوئی بھی اس کے ساتھ لین دین کرے گا وہ اپنے نفع و نقصان کا خود ذمہ دار ہوگا۔ میرے بیٹے نے اپنی مرضی سے شادی کی ہے اور میرے ہر قسم کے رابطے اور کہنے سننے سے باہر ہے لہٰذا میں اس کو اپنی جائیداد منقولہ و غیر منقولہ سے عاق کرتا ہوں آئندہ اس کے کسی قسم کے لین دین کا میں ذمہ دار نہ ہوں گا جو کوئی بھی اس کے ساتھ لین دین کرے گا وہ اپنے نفع و نقصان کا خود ذمہ دار ہوگا۔
تنسیخ
حق میڈیا گروپ
35
میرے بیٹے نے اپنی مرضی سے شادی کی ہے اور میرے ہر قسم کے رابطے اور کہنے سننے سے باہر ہے لہٰذا میں اس کو اپنی جائیداد منقولہ و غیر منقولہ سے عاق کرتا ہوں آئندہ اس کے کسی قسم کے لین دین کا میں ذمہ دار نہ ہوں گا جو کوئی بھی اس کے ساتھ لین دین کرے گا وہ اپنے نفع و نقصان کا خود ذمہ دار ہوگا۔ میرے بیٹے نے اپنی مرضی سے شادی کی ہے اور میرے ہر قسم کے رابطے اور کہنے سننے سے باہر ہے لہٰذا میں اس کو اپنی جائیداد منقولہ و غیر منقولہ سے عاق کرتا ہوں آئندہ اس کے کسی قسم کے لین دین کا میں ذمہ دار نہ ہوں گا جو کوئی بھی اس کے ساتھ لین دین کرے گا وہ اپنے نفع و نقصان کا خود ذمہ دار ہوگا۔
کورٹ نوٹس
بعدالت جناب وقاص اکرم صاحب تحصیلدار/تحصیل سٹی ضلع راولپنڈی
میرے بیٹے نے اپنی مرضی سے شادی کی ہے اور میرے ہر قسم کے رابطے اور کہنے سننے سے باہر ہے لہٰذا میں اس کو اپنی جائیداد منقولہ و غیر منقولہ سے عاق کرتا ہوں آئندہ اس کے کسی قسم کے لین دین کا میں ذمہ دار نہ ہوں گا جو کوئی بھی اس کے ساتھ لین دین کرے گا وہ اپنے نفع و نقصان کا خود ذمہ دار ہوگا۔ میرے بیٹے نے اپنی مرضی سے شادی کی ہے اور میرے ہر قسم کے رابطے اور کہنے سننے سے باہر ہے لہٰذا میں اس کو اپنی جائیداد منقولہ و غیر منقولہ سے عاق کرتا ہوں آئندہ اس کے کسی قسم کے لین دین کا میں ذمہ دار نہ ہوں گا جو کوئی بھی اس کے ساتھ لین دین کرے گا وہ اپنے نفع و نقصان کا خود ذمہ دار ہوگا۔ میرے بیٹے نے اپنی مرضی سے شادی کی ہے اور میرے ہر قسم کے رابطے اور کہنے سننے سے باہر ہے لہٰذا میں اس کو اپنی جائیداد منقولہ و غیر منقولہ سے عاق کرتا ہوں آئندہ اس کے کسی قسم کے لین دین کا میں ذمہ دار نہ ہوں گا جو کوئی بھی اس کے ساتھ لین دین کرے گا وہ اپنے نفع و نقصان کا خود ذمہ دار ہوگا۔ میرے بیٹے نے اپنی مرضی سے شادی کی ہے اور میرے ہر قسم کے رابطے اور کہنے سننے سے باہر ہے لہٰذا میں اس کو اپنی جائیداد منقولہ و غیر منقولہ سے عاق کرتا ہوں آئندہ اس کے کسی قسم کے لین دین کا میں ذمہ دار نہ ہوں گا جو کوئی بھی اس کے ساتھ لین دین کرے گا وہ اپنے نفع و نقصان کا خود ذمہ دار ہوگا۔ میرے بیٹے نے اپنی مرضی سے شادی کی ہے اور میرے ہر قسم کے رابطے اور کہنے سننے سے باہر ہے لہٰذا میں اس کو اپنی جائیداد منقولہ و غیر منقولہ سے عاق کرتا ہوں آئندہ اس کے کسی قسم کے لین دین کا میں ذمہ دار نہ ہوں گا جو کوئی بھی اس کے ساتھ لین دین کرے گا وہ اپنے نفع و نقصان کا خود ذمہ دار ہوگا۔
اشتہار مجموعات
بعدالت جناب چوہدری ساجد علی خان صاحب نائب تحصیلدار کینٹ تحصیل راولپنڈی
میرے بیٹے نے اپنی مرضی سے شادی کی ہے اور میرے ہر قسم کے رابطے اور کہنے سننے سے باہر ہے لہٰذا میں اس کو اپنی جائیداد منقولہ و غیر منقولہ سے عاق کرتا ہوں آئندہ اس کے کسی قسم کے لین دین کا میں ذمہ دار نہ ہوں گا جو کوئی بھی اس کے ساتھ لین دین کرے گا وہ اپنے نفع و نقصان کا خود ذمہ دار ہوگا۔ میرے بیٹے نے اپنی مرضی سے شادی کی ہے اور میرے ہر قسم کے رابطے اور کہنے سننے سے باہر ہے لہٰذا میں اس کو اپنی جائیداد منقولہ و غیر منقولہ سے عاق کرتا ہوں آئندہ اس کے کسی قسم کے لین دین کا میں ذمہ دار نہ ہوں گا جو کوئی بھی اس کے ساتھ لین دین کرے گا وہ اپنے نفع و نقصان کا خود ذمہ دار ہوگا۔ میرے بیٹے نے اپنی مرضی سے شادی کی ہے اور میرے ہر قسم کے رابطے اور کہنے سننے سے باہر ہے لہٰذا میں اس کو اپنی جائیداد منقولہ و غیر منقولہ سے عاق کرتا ہوں آئندہ اس کے کسی قسم کے لین دین کا میں ذمہ دار نہ ہوں گا جو کوئی بھی اس کے ساتھ لین دین کرے گا وہ اپنے نفع و نقصان کا خود ذمہ دار ہوگا۔ میرے بیٹے نے اپنی مرضی سے شادی کی ہے اور میرے ہر قسم کے رابطے اور کہنے سننے سے باہر ہے لہٰذا میں اس کو اپنی جائیداد منقولہ و غیر منقولہ سے عاق کرتا ہوں آئندہ اس کے کسی قسم کے لین دین کا میں ذمہ دار نہ ہوں گا جو کوئی بھی اس کے ساتھ لین دین کرے گا وہ اپنے نفع و نقصان کا خود ذمہ دار ہوگا۔ میرے بیٹے نے اپنی مرضی سے شادی کی ہے اور میرے ہر قسم کے رابطے اور کہنے سننے سے باہر ہے لہٰذا میں اس کو اپنی جائیداد منقولہ و غیر منقولہ سے عاق کرتا ہوں آئندہ اس کے کسی قسم کے لین دین کا میں ذمہ دار نہ ہوں گا جو کوئی بھی اس کے ساتھ لین دین کرے گا وہ اپنے نفع و نقصان کا خود ذمہ دار ہوگا۔
اشتہار مجموعات
بعدالت جناب وقاص اکرم صاحب تحصیلدار/تحصیل سٹی ضلع راولپنڈی
میرے بیٹے نے اپنی مرضی سے شادی کی ہے اور میرے ہر قسم کے رابطے اور کہنے سننے سے باہر ہے لہٰذا میں اس کو اپنی جائیداد منقولہ و غیر منقولہ سے عاق کرتا ہوں آئندہ اس کے کسی قسم کے لین دین کا میں ذمہ دار نہ ہوں گا جو کوئی بھی اس کے ساتھ لین دین کرے گا وہ اپنے نفع و نقصان کا خود ذمہ دار ہوگا۔ میرے بیٹے نے اپنی مرضی سے شادی کی ہے اور میرے ہر قسم کے رابطے اور کہنے سننے سے باہر ہے لہٰذا میں اس کو اپنی جائیداد منقولہ و غیر منقولہ سے عاق کرتا ہوں آئندہ اس کے کسی قسم کے لین دین کا میں ذمہ دار نہ ہوں گا جو کوئی بھی اس کے ساتھ لین دین کرے گا وہ اپنے نفع و نقصان کا خود ذمہ دار ہوگا۔ میرے بیٹے نے اپنی مرضی سے شادی کی ہے اور میرے ہر قسم کے رابطے اور کہنے سننے سے باہر ہے لہٰذا میں اس کو اپنی جائیداد منقولہ و غیر منقولہ سے عاق کرتا ہوں آئندہ اس کے کسی قسم کے لین دین کا میں ذمہ دار نہ ہوں گا جو کوئی بھی اس کے ساتھ لین دین کرے گا وہ اپنے نفع و نقصان کا خود ذمہ دار ہوگا۔ میرے بیٹے نے اپنی مرضی سے شادی کی ہے اور میرے ہر قسم کے رابطے اور کہنے سننے سے باہر ہے لہٰذا میں اس کو اپنی جائیداد منقولہ و غیر منقولہ سے عاق کرتا ہوں آئندہ اس کے کسی قسم کے لین دین کا میں ذمہ دار نہ ہوں گا جو کوئی بھی اس کے ساتھ لین دین کرے گا وہ اپنے نفع و نقصان کا خود ذمہ دار ہوگا۔ میرے بیٹے نے اپنی مرضی سے شادی کی ہے اور میرے ہر قسم کے رابطے اور کہنے سننے سے باہر ہے لہٰذا میں اس کو اپنی جائیداد منقولہ و غیر منقولہ سے عاق کرتا ہوں آئندہ اس کے کسی قسم کے لین دین کا میں ذمہ دار نہ ہوں گا جو کوئی بھی اس کے ساتھ لین دین کرے گا وہ اپنے نفع و نقصان کا خود ذمہ دار ہوگا۔
اشتہار مجموعات
بعدالت جناب وقاص اکرم صاحب تحصیلدار/تحصیل سٹی ضلع راولپنڈی
میرے بیٹے نے اپنی مرضی سے شادی کی ہے اور میرے ہر قسم کے رابطے اور کہنے سننے سے باہر ہے لہٰذا میں اس کو اپنی جائیداد منقولہ و غیر منقولہ سے عاق کرتا ہوں آئندہ اس کے کسی قسم کے لین دین کا میں ذمہ دار نہ ہوں گا جو کوئی بھی اس کے ساتھ لین دین کرے گا وہ اپنے نفع و نقصان کا خود ذمہ دار ہوگا۔ میرے بیٹے نے اپنی مرضی سے شادی کی ہے اور میرے ہر قسم کے رابطے اور کہنے سننے سے باہر ہے لہٰذا میں اس کو اپنی جائیداد منقولہ و غیر منقولہ سے عاق کرتا ہوں آئندہ اس کے کسی قسم کے لین دین کا میں ذمہ دار نہ ہوں گا جو کوئی بھی اس کے ساتھ لین دین کرے گا وہ اپنے نفع و نقصان کا خود ذمہ دار ہوگا۔ میرے بیٹے نے اپنی مرضی سے شادی کی ہے اور میرے ہر قسم کے رابطے اور کہنے سننے سے باہر ہے لہٰذا میں اس کو اپنی جائیداد منقولہ و غیر منقولہ سے عاق کرتا ہوں آئندہ اس کے کسی قسم کے لین دین کا میں ذمہ دار نہ ہوں گا جو کوئی بھی اس کے ساتھ لین دین کرے گا وہ اپنے نفع و نقصان کا خود ذمہ دار ہوگا۔ میرے بیٹے نے اپنی مرضی سے شادی کی ہے اور میرے ہر قسم کے رابطے اور کہنے سننے سے باہر ہے لہٰذا میں اس کو اپنی جائیداد منقولہ و غیر منقولہ سے عاق کرتا ہوں آئندہ اس کے کسی قسم کے لین دین کا میں ذمہ دار نہ ہوں گا جو کوئی بھی اس کے ساتھ لین دین کرے گا وہ اپنے نفع و نقصان کا خود ذمہ دار ہوگا۔ میرے بیٹے نے اپنی مرضی سے شادی کی ہے اور میرے ہر قسم کے رابطے اور کہنے سننے سے باہر ہے لہٰذا میں اس کو اپنی جائیداد منقولہ و غیر منقولہ سے عاق کرتا ہوں آئندہ اس کے کسی قسم کے لین دین کا میں ذمہ دار نہ ہوں گا جو کوئی بھی اس کے ساتھ لین دین کرے گا وہ اپنے نفع و نقصان کا خود ذمہ دار ہوگا۔
اشتہار مجموعات
تنسیخ
حق میڈیا گروپ
1
میرے بیٹے نے اپنی مرضی سے شادی کی ہے اور میرے ہر قسم کے رابطے اور کہنے سننے سے باہر ہے لہٰذا میں اس کو اپنی جائیداد منقولہ و غیر منقولہ سے عاق کرتا ہوں آئندہ اس کے کسی قسم کے لین دین کا میں ذمہ دار نہ ہوں گا جو کوئی بھی اس کے ساتھ لین دین کرے گا وہ اپنے نفع و نقصان کا خود ذمہ دار ہوگا۔ میرے بیٹے نے اپنی مرضی سے شادی کی ہے اور میرے ہر قسم کے رابطے اور کہنے سننے سے باہر ہے لہٰذا میں اس کو اپنی جائیداد منقولہ و غیر منقولہ سے عاق کرتا ہوں آئندہ اس کے کسی قسم کے لین دین کا میں ذمہ دار نہ ہوں گا جو کوئی بھی اس کے ساتھ لین دین کرے گا وہ اپنے نفع و نقصان کا خود ذمہ دار ہوگا۔
تنسیخ
حق میڈیا گروپ
2
میرے بیٹے نے اپنی مرضی سے شادی کی ہے اور میرے ہر قسم کے رابطے اور کہنے سننے سے باہر ہے لہٰذا میں اس کو اپنی جائیداد منقولہ و غیر منقولہ سے عاق کرتا ہوں آئندہ اس کے کسی قسم کے لین دین کا میں ذمہ دار نہ ہوں گا جو کوئی بھی اس کے ساتھ لین دین کرے گا وہ اپنے نفع و نقصان کا خود ذمہ دار ہوگا۔ میرے بیٹے نے اپنی مرضی سے شادی کی ہے اور میرے ہر قسم کے رابطے اور کہنے سننے سے باہر ہے لہٰذا میں اس کو اپنی جائیداد منقولہ و غیر منقولہ سے عاق کرتا ہوں آئندہ اس کے کسی قسم کے لین دین کا میں ذمہ دار نہ ہوں گا جو کوئی بھی اس کے ساتھ لین دین کرے گا وہ اپنے نفع و نقصان کا خود ذمہ دار ہوگا۔
تنسیخ
حق میڈیا گروپ
3
میرے بیٹے نے اپنی مرضی سے شادی کی ہے اور میرے ہر قسم کے رابطے اور کہنے سننے سے باہر ہے لہٰذا میں اس کو اپنی جائیداد منقولہ و غیر منقولہ سے عاق کرتا ہوں آئندہ اس کے کسی قسم کے لین دین کا میں ذمہ دار نہ ہوں گا جو کوئی بھی اس کے ساتھ لین دین کرے گا وہ اپنے نفع و نقصان کا خود ذمہ دار ہوگا۔ میرے بیٹے نے اپنی مرضی سے شادی کی ہے اور میرے ہر قسم کے رابطے اور کہنے سننے سے باہر ہے لہٰذا میں اس کو اپنی جائیداد منقولہ و غیر منقولہ سے عاق کرتا ہوں آئندہ اس کے کسی قسم کے لین دین کا میں ذمہ دار نہ ہوں گا جو کوئی بھی اس کے ساتھ لین دین کرے گا وہ اپنے نفع و نقصان کا خود ذمہ دار ہوگا۔
تنسیخ
حق میڈیا گروپ
4
میرے بیٹے نے اپنی مرضی سے شادی کی ہے اور میرے ہر قسم کے رابطے اور کہنے سننے سے باہر ہے لہٰذا میں اس کو اپنی جائیداد منقولہ و غیر منقولہ سے عاق کرتا ہوں آئندہ اس کے کسی قسم کے لین دین کا میں ذمہ دار نہ ہوں گا جو کوئی بھی اس کے ساتھ لین دین کرے گا وہ اپنے نفع و نقصان کا خود ذمہ دار ہوگا۔ میرے بیٹے نے اپنی مرضی سے شادی کی ہے اور میرے ہر قسم کے رابطے اور کہنے سننے سے باہر ہے لہٰذا میں اس کو اپنی جائیداد منقولہ و غیر منقولہ سے عاق کرتا ہوں آئندہ اس کے کسی قسم کے لین دین کا میں ذمہ دار نہ ہوں گا جو کوئی بھی اس کے ساتھ لین دین کرے گا وہ اپنے نفع و نقصان کا خود ذمہ دار ہوگا۔
تنسیخ
حق میڈیا گروپ
5
میرے بیٹے نے اپنی مرضی سے شادی کی ہے اور میرے ہر قسم کے رابطے اور کہنے سننے سے باہر ہے لہٰذا میں اس کو اپنی جائیداد منقولہ و غیر منقولہ سے عاق کرتا ہوں آئندہ اس کے کسی قسم کے لین دین کا میں ذمہ دار نہ ہوں گا جو کوئی بھی اس کے ساتھ لین دین کرے گا وہ اپنے نفع و نقصان کا خود ذمہ دار ہوگا۔ میرے بیٹے نے اپنی مرضی سے شادی کی ہے اور میرے ہر قسم کے رابطے اور کہنے سننے سے باہر ہے لہٰذا میں اس کو اپنی جائیداد منقولہ و غیر منقولہ سے عاق کرتا ہوں آئندہ اس کے کسی قسم کے لین دین کا میں ذمہ دار نہ ہوں گا جو کوئی بھی اس کے ساتھ لین دین کرے گا وہ اپنے نفع و نقصان کا خود ذمہ دار ہوگا۔
تنسیخ
حق میڈیا گروپ
6
میرے بیٹے نے اپنی مرضی سے شادی کی ہے اور میرے ہر قسم کے رابطے اور کہنے سننے سے باہر ہے لہٰذا میں اس کو اپنی جائیداد منقولہ و غیر منقولہ سے عاق کرتا ہوں آئندہ اس کے کسی قسم کے لین دین کا میں ذمہ دار نہ ہوں گا جو کوئی بھی اس کے ساتھ لین دین کرے گا وہ اپنے نفع و نقصان کا خود ذمہ دار ہوگا۔ میرے بیٹے نے اپنی مرضی سے شادی کی ہے اور میرے ہر قسم کے رابطے اور کہنے سننے سے باہر ہے لہٰذا میں اس کو اپنی جائیداد منقولہ و غیر منقولہ سے عاق کرتا ہوں آئندہ اس کے کسی قسم کے لین دین کا میں ذمہ دار نہ ہوں گا جو کوئی بھی اس کے ساتھ لین دین کرے گا وہ اپنے نفع و نقصان کا خود ذمہ دار ہوگا۔
تنسیخ
حق میڈیا گروپ
7
میرے بیٹے نے اپنی مرضی سے شادی کی ہے اور میرے ہر قسم کے رابطے اور کہنے سننے سے باہر ہے لہٰذا میں اس کو اپنی جائیداد منقولہ و غیر منقولہ سے عاق کرتا ہوں آئندہ اس کے کسی قسم کے لین دین کا میں ذمہ دار نہ ہوں گا جو کوئی بھی اس کے ساتھ لین دین کرے گا وہ اپنے نفع و نقصان کا خود ذمہ دار ہوگا۔ میرے بیٹے نے اپنی مرضی سے شادی کی ہے اور میرے ہر قسم کے رابطے اور کہنے سننے سے باہر ہے لہٰذا میں اس کو اپنی جائیداد منقولہ و غیر منقولہ سے عاق کرتا ہوں آئندہ اس کے کسی قسم کے لین دین کا میں ذمہ دار نہ ہوں گا جو کوئی بھی اس کے ساتھ لین دین کرے گا وہ اپنے نفع و نقصان کا خود ذمہ دار ہوگا۔
تنسیخ
حق میڈیا گروپ
8
میرے بیٹے نے اپنی مرضی سے شادی کی ہے اور میرے ہر قسم کے رابطے اور کہنے سننے سے باہر ہے لہٰذا میں اس کو اپنی جائیداد منقولہ و غیر منقولہ سے عاق کرتا ہوں آئندہ اس کے کسی قسم کے لین دین کا میں ذمہ دار نہ ہوں گا جو کوئی بھی اس کے ساتھ لین دین کرے گا وہ اپنے نفع و نقصان کا خود ذمہ دار ہوگا۔ میرے بیٹے نے اپنی مرضی سے شادی کی ہے اور میرے ہر قسم کے رابطے اور کہنے سننے سے باہر ہے لہٰذا میں اس کو اپنی جائیداد منقولہ و غیر منقولہ سے عاق کرتا ہوں آئندہ اس کے کسی قسم کے لین دین کا میں ذمہ دار نہ ہوں گا جو کوئی بھی اس کے ساتھ لین دین کرے گا وہ اپنے نفع و نقصان کا خود ذمہ دار ہوگا۔
تنسیخ
حق میڈیا گروپ
9
میرے بیٹے نے اپنی مرضی سے شادی کی ہے اور میرے ہر قسم کے رابطے اور کہنے سننے سے باہر ہے لہٰذا میں اس کو اپنی جائیداد منقولہ و غیر منقولہ سے عاق کرتا ہوں آئندہ اس کے کسی قسم کے لین دین کا میں ذمہ دار نہ ہوں گا جو کوئی بھی اس کے ساتھ لین دین کرے گا وہ اپنے نفع و نقصان کا خود ذمہ دار ہوگا۔ میرے بیٹے نے اپنی مرضی سے شادی کی ہے اور میرے ہر قسم کے رابطے اور کہنے سننے سے باہر ہے لہٰذا میں اس کو اپنی جائیداد منقولہ و غیر منقولہ سے عاق کرتا ہوں آئندہ اس کے کسی قسم کے لین دین کا میں ذمہ دار نہ ہوں گا جو کوئی بھی اس کے ساتھ لین دین کرے گا وہ اپنے نفع و نقصان کا خود ذمہ دار ہوگا۔
تنسیخ
حق میڈیا گروپ
10
میرے بیٹے نے اپنی مرضی سے شادی کی ہے اور میرے ہر قسم کے رابطے اور کہنے سننے سے باہر ہے لہٰذا میں اس کو اپنی جائیداد منقولہ و غیر منقولہ سے عاق کرتا ہوں آئندہ اس کے کسی قسم کے لین دین کا میں ذمہ دار نہ ہوں گا جو کوئی بھی اس کے ساتھ لین دین کرے گا وہ اپنے نفع و نقصان کا خود ذمہ دار ہوگا۔ میرے بیٹے نے اپنی مرضی سے شادی کی ہے اور میرے ہر قسم کے رابطے اور کہنے سننے سے باہر ہے لہٰذا میں اس کو اپنی جائیداد منقولہ و غیر منقولہ سے عاق کرتا ہوں آئندہ اس کے کسی قسم کے لین دین کا میں ذمہ دار نہ ہوں گا جو کوئی بھی اس کے ساتھ لین دین کرے گا وہ اپنے نفع و نقصان کا خود ذمہ دار ہوگا۔
تنسیخ
حق میڈیا گروپ
11
میرے بیٹے نے اپنی مرضی سے شادی کی ہے اور میرے ہر قسم کے رابطے اور کہنے سننے سے باہر ہے لہٰذا میں اس کو اپنی جائیداد منقولہ و غیر منقولہ سے عاق کرتا ہوں آئندہ اس کے کسی قسم کے لین دین کا میں ذمہ دار نہ ہوں گا جو کوئی بھی اس کے ساتھ لین دین کرے گا وہ اپنے نفع و نقصان کا خود ذمہ دار ہوگا۔ میرے بیٹے نے اپنی مرضی سے شادی کی ہے اور میرے ہر قسم کے رابطے اور کہنے سننے سے باہر ہے لہٰذا میں اس کو اپنی جائیداد منقولہ و غیر منقولہ سے عاق کرتا ہوں آئندہ اس کے کسی قسم کے لین دین کا میں ذمہ دار نہ ہوں گا جو کوئی بھی اس کے ساتھ لین دین کرے گا وہ اپنے نفع و نقصان کا خود ذمہ دار ہوگا۔
تنسیخ
حق میڈیا گروپ
12
میرے بیٹے نے اپنی مرضی سے شادی کی ہے اور میرے ہر قسم کے رابطے اور کہنے سننے سے باہر ہے لہٰذا میں اس کو اپنی جائیداد منقولہ و غیر منقولہ سے عاق کرتا ہوں آئندہ اس کے کسی قسم کے لین دین کا میں ذمہ دار نہ ہوں گا جو کوئی بھی اس کے ساتھ لین دین کرے گا وہ اپنے نفع و نقصان کا خود ذمہ دار ہوگا۔ میرے بیٹے نے اپنی مرضی سے شادی کی ہے اور میرے ہر قسم کے رابطے اور کہنے سننے سے باہر ہے لہٰذا میں اس کو اپنی جائیداد منقولہ و غیر منقولہ سے عاق کرتا ہوں آئندہ اس کے کسی قسم کے لین دین کا میں ذمہ دار نہ ہوں گا جو کوئی بھی اس کے ساتھ لین دین کرے گا وہ اپنے نفع و نقصان کا خود ذمہ دار ہوگا۔
تنسیخ
حق میڈیا گروپ
13
میرے بیٹے نے اپنی مرضی سے شادی کی ہے اور میرے ہر قسم کے رابطے اور کہنے سننے سے باہر ہے لہٰذا میں اس کو اپنی جائیداد منقولہ و غیر منقولہ سے عاق کرتا ہوں آئندہ اس کے کسی قسم کے لین دین کا میں ذمہ دار نہ ہوں گا جو کوئی بھی اس کے ساتھ لین دین کرے گا وہ اپنے نفع و نقصان کا خود ذمہ دار ہوگا۔ میرے بیٹے نے اپنی مرضی سے شادی کی ہے اور میرے ہر قسم کے رابطے اور کہنے سننے سے باہر ہے لہٰذا میں اس کو اپنی جائیداد منقولہ و غیر منقولہ سے عاق کرتا ہوں آئندہ اس کے کسی قسم کے لین دین کا میں ذمہ دار نہ ہوں گا جو کوئی بھی اس کے ساتھ لین دین کرے گا وہ اپنے نفع و نقصان کا خود ذمہ دار ہوگا۔
تنسیخ
حق میڈیا گروپ
14
میرے بیٹے نے اپنی مرضی سے شادی کی ہے اور میرے ہر قسم کے رابطے اور کہنے سننے سے باہر ہے لہٰذا میں اس کو اپنی جائیداد منقولہ و غیر منقولہ سے عاق کرتا ہوں آئندہ اس کے کسی قسم کے لین دین کا میں ذمہ دار نہ ہوں گا جو کوئی بھی اس کے ساتھ لین دین کرے گا وہ اپنے نفع و نقصان کا خود ذمہ دار ہوگا۔ میرے بیٹے نے اپنی مرضی سے شادی کی ہے اور میرے ہر قسم کے رابطے اور کہنے سننے سے باہر ہے لہٰذا میں اس کو اپنی جائیداد منقولہ و غیر منقولہ سے عاق کرتا ہوں آئندہ اس کے کسی قسم کے لین دین کا میں ذمہ دار نہ ہوں گا جو کوئی بھی اس کے ساتھ لین دین کرے گا وہ اپنے نفع و نقصان کا خود ذمہ دار ہوگا۔
تنسیخ
حق میڈیا گروپ
15
میرے بیٹے نے اپنی مرضی سے شادی کی ہے اور میرے ہر قسم کے رابطے اور کہنے سننے سے باہر ہے لہٰذا میں اس کو اپنی جائیداد منقولہ و غیر منقولہ سے عاق کرتا ہوں آئندہ اس کے کسی قسم کے لین دین کا میں ذمہ دار نہ ہوں گا جو کوئی بھی اس کے ساتھ لین دین کرے گا وہ اپنے نفع و نقصان کا خود ذمہ دار ہوگا۔ میرے بیٹے نے اپنی مرضی سے شادی کی ہے اور میرے ہر قسم کے رابطے اور کہنے سننے سے باہر ہے لہٰذا میں اس کو اپنی جائیداد منقولہ و غیر منقولہ سے عاق کرتا ہوں آئندہ اس کے کسی قسم کے لین دین کا میں ذمہ دار نہ ہوں گا جو کوئی بھی اس کے ساتھ لین دین کرے گا وہ اپنے نفع و نقصان کا خود ذمہ دار ہوگا۔
تنسیخ
حق میڈیا گروپ
16
میرے بیٹے نے اپنی مرضی سے شادی کی ہے اور میرے ہر قسم کے رابطے اور کہنے سننے سے باہر ہے لہٰذا میں اس کو اپنی جائیداد منقولہ و غیر منقولہ سے عاق کرتا ہوں آئندہ اس کے کسی قسم کے لین دین کا میں ذمہ دار نہ ہوں گا جو کوئی بھی اس کے ساتھ لین دین کرے گا وہ اپنے نفع و نقصان کا خود ذمہ دار ہوگا۔ میرے بیٹے نے اپنی مرضی سے شادی کی ہے اور میرے ہر قسم کے رابطے اور کہنے سننے سے باہر ہے لہٰذا میں اس کو اپنی جائیداد منقولہ و غیر منقولہ سے عاق کرتا ہوں آئندہ اس کے کسی قسم کے لین دین کا میں ذمہ دار نہ ہوں گا جو کوئی بھی اس کے ساتھ لین دین کرے گا وہ اپنے نفع و نقصان کا خود ذمہ دار ہوگا۔
